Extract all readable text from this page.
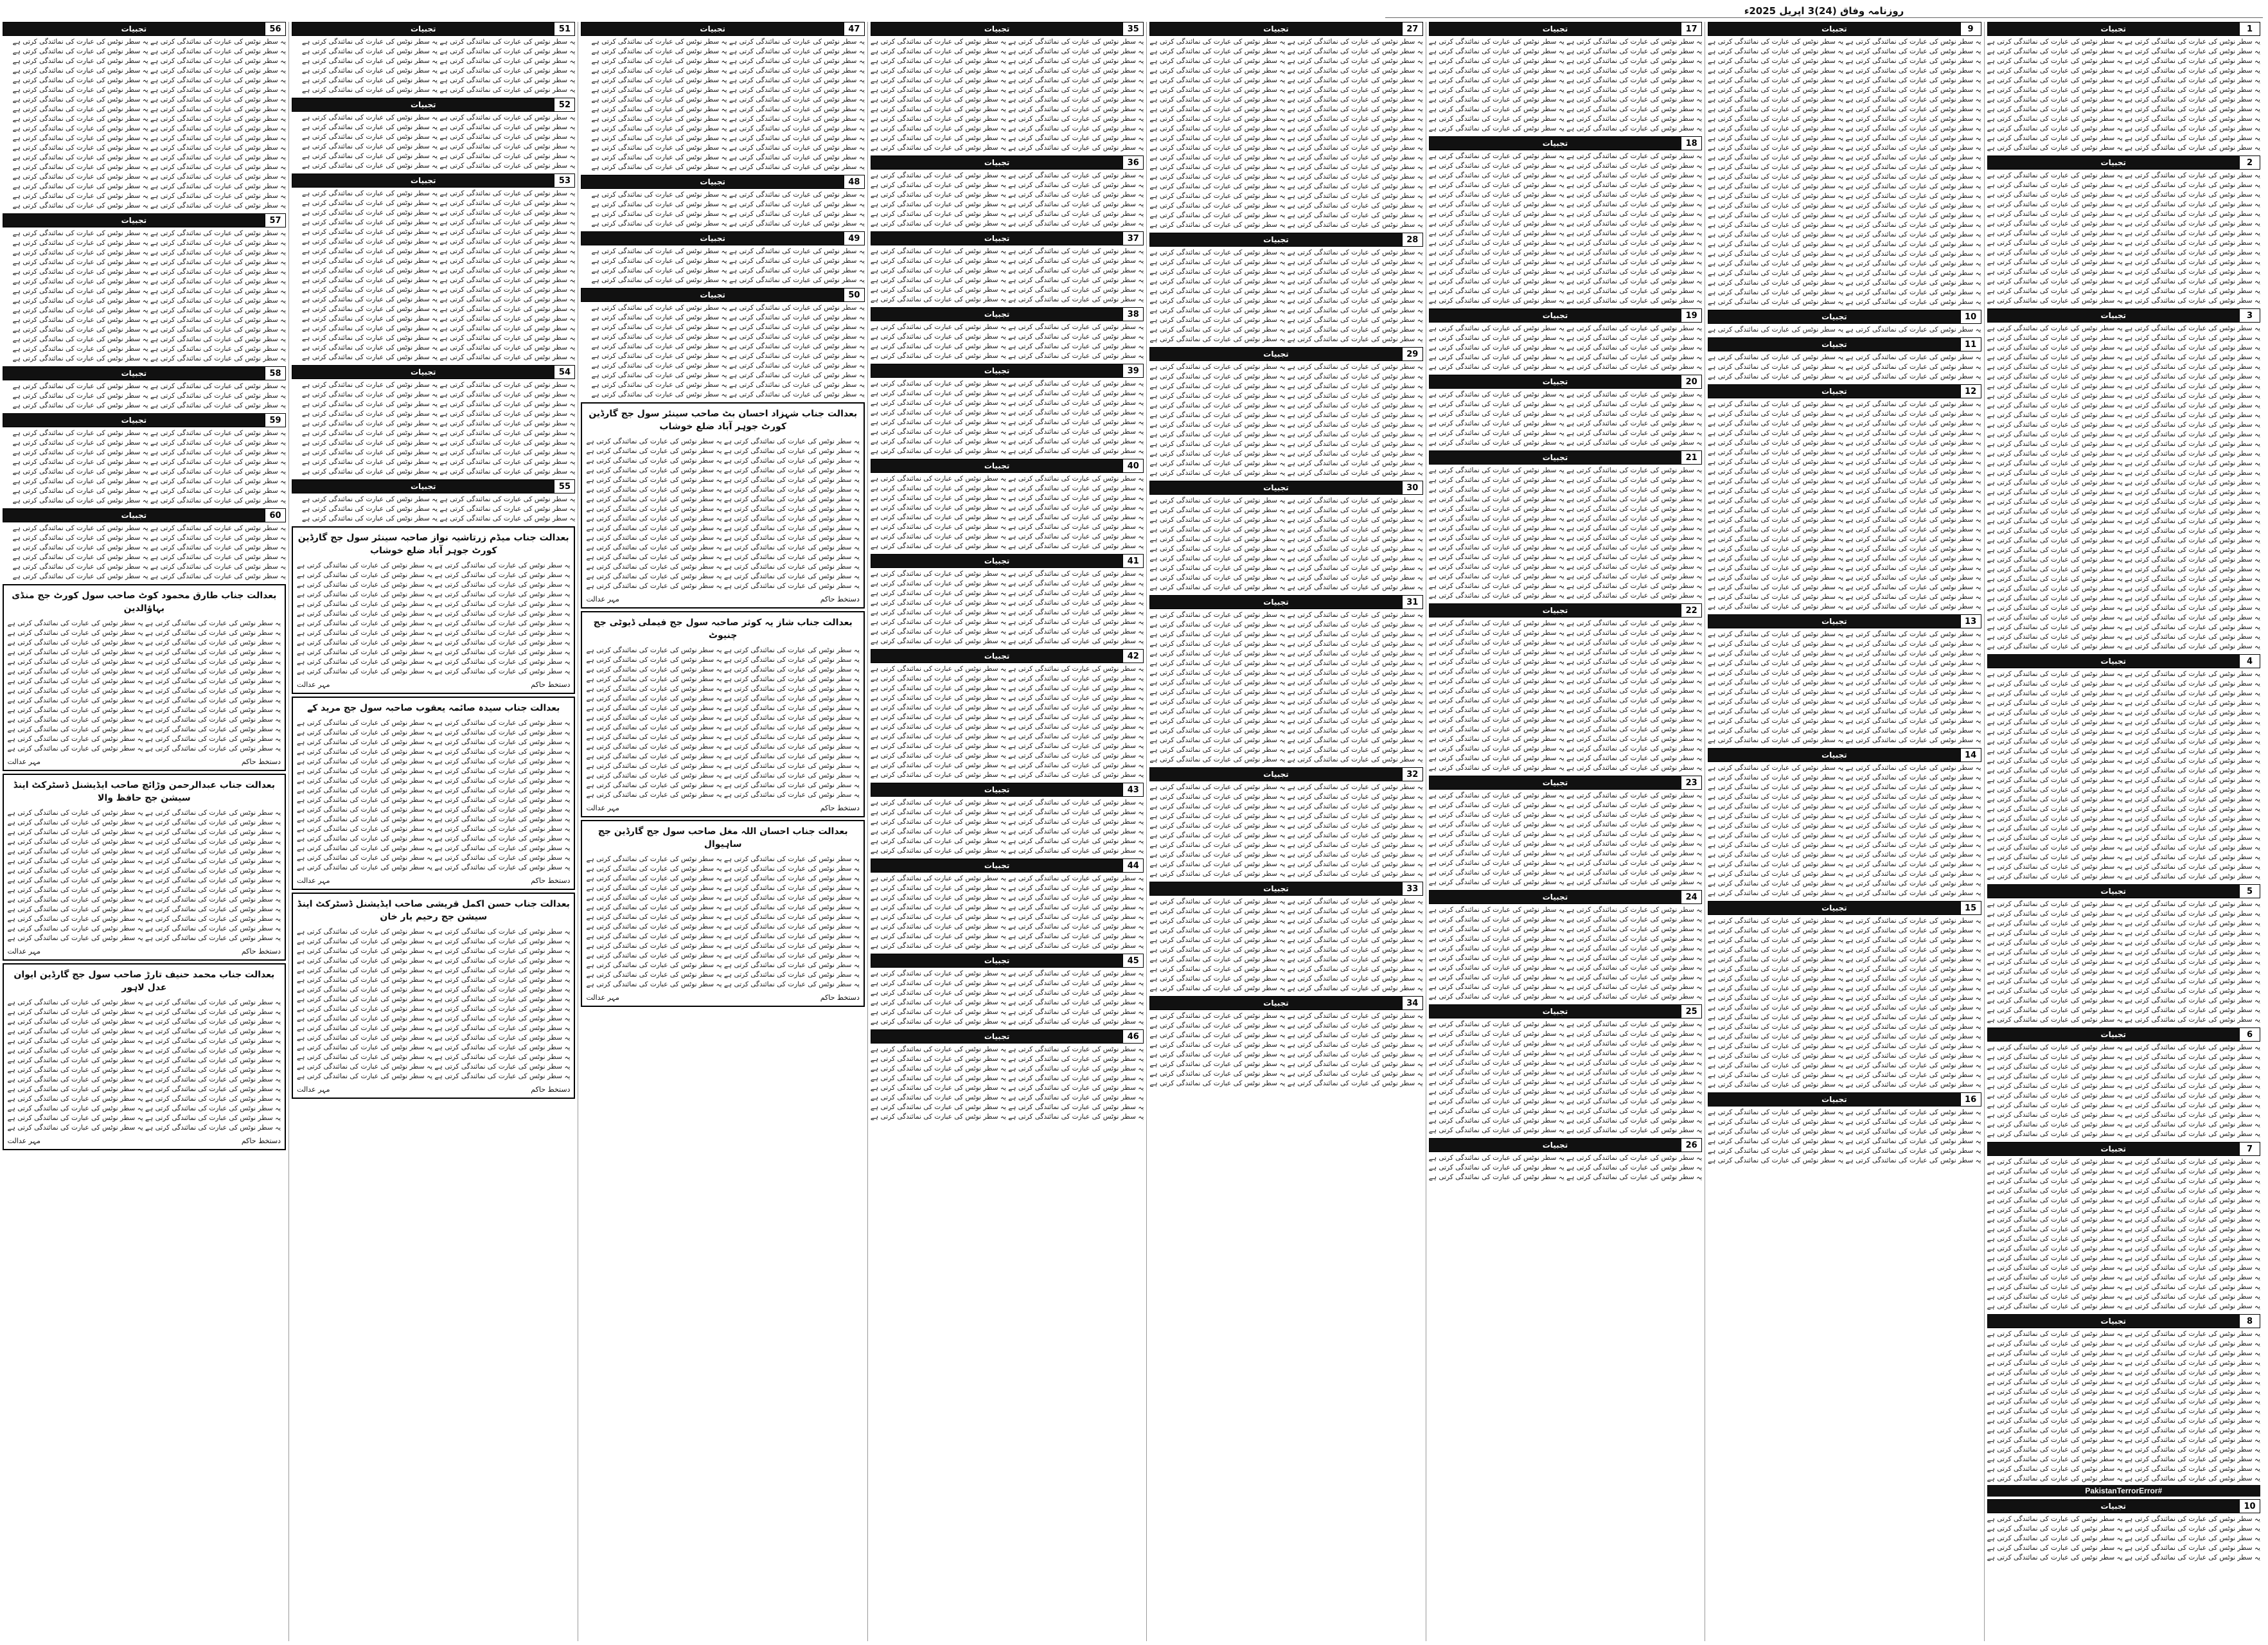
روزنامہ وفاق (24)3 اپریل 2025ء
1
تجبیات
یہ سطر نوٹس کی عبارت کی نمائندگی کرتی ہے یہ سطر نوٹس کی عبارت کی نمائندگی کرتی ہے
یہ سطر نوٹس کی عبارت کی نمائندگی کرتی ہے یہ سطر نوٹس کی عبارت کی نمائندگی کرتی ہے
یہ سطر نوٹس کی عبارت کی نمائندگی کرتی ہے یہ سطر نوٹس کی عبارت کی نمائندگی کرتی ہے
یہ سطر نوٹس کی عبارت کی نمائندگی کرتی ہے یہ سطر نوٹس کی عبارت کی نمائندگی کرتی ہے
یہ سطر نوٹس کی عبارت کی نمائندگی کرتی ہے یہ سطر نوٹس کی عبارت کی نمائندگی کرتی ہے
یہ سطر نوٹس کی عبارت کی نمائندگی کرتی ہے یہ سطر نوٹس کی عبارت کی نمائندگی کرتی ہے
یہ سطر نوٹس کی عبارت کی نمائندگی کرتی ہے یہ سطر نوٹس کی عبارت کی نمائندگی کرتی ہے
یہ سطر نوٹس کی عبارت کی نمائندگی کرتی ہے یہ سطر نوٹس کی عبارت کی نمائندگی کرتی ہے
یہ سطر نوٹس کی عبارت کی نمائندگی کرتی ہے یہ سطر نوٹس کی عبارت کی نمائندگی کرتی ہے
یہ سطر نوٹس کی عبارت کی نمائندگی کرتی ہے یہ سطر نوٹس کی عبارت کی نمائندگی کرتی ہے
یہ سطر نوٹس کی عبارت کی نمائندگی کرتی ہے یہ سطر نوٹس کی عبارت کی نمائندگی کرتی ہے
یہ سطر نوٹس کی عبارت کی نمائندگی کرتی ہے یہ سطر نوٹس کی عبارت کی نمائندگی کرتی ہے
2
تجبیات
یہ سطر نوٹس کی عبارت کی نمائندگی کرتی ہے یہ سطر نوٹس کی عبارت کی نمائندگی کرتی ہے
یہ سطر نوٹس کی عبارت کی نمائندگی کرتی ہے یہ سطر نوٹس کی عبارت کی نمائندگی کرتی ہے
یہ سطر نوٹس کی عبارت کی نمائندگی کرتی ہے یہ سطر نوٹس کی عبارت کی نمائندگی کرتی ہے
یہ سطر نوٹس کی عبارت کی نمائندگی کرتی ہے یہ سطر نوٹس کی عبارت کی نمائندگی کرتی ہے
یہ سطر نوٹس کی عبارت کی نمائندگی کرتی ہے یہ سطر نوٹس کی عبارت کی نمائندگی کرتی ہے
یہ سطر نوٹس کی عبارت کی نمائندگی کرتی ہے یہ سطر نوٹس کی عبارت کی نمائندگی کرتی ہے
یہ سطر نوٹس کی عبارت کی نمائندگی کرتی ہے یہ سطر نوٹس کی عبارت کی نمائندگی کرتی ہے
یہ سطر نوٹس کی عبارت کی نمائندگی کرتی ہے یہ سطر نوٹس کی عبارت کی نمائندگی کرتی ہے
یہ سطر نوٹس کی عبارت کی نمائندگی کرتی ہے یہ سطر نوٹس کی عبارت کی نمائندگی کرتی ہے
یہ سطر نوٹس کی عبارت کی نمائندگی کرتی ہے یہ سطر نوٹس کی عبارت کی نمائندگی کرتی ہے
یہ سطر نوٹس کی عبارت کی نمائندگی کرتی ہے یہ سطر نوٹس کی عبارت کی نمائندگی کرتی ہے
یہ سطر نوٹس کی عبارت کی نمائندگی کرتی ہے یہ سطر نوٹس کی عبارت کی نمائندگی کرتی ہے
یہ سطر نوٹس کی عبارت کی نمائندگی کرتی ہے یہ سطر نوٹس کی عبارت کی نمائندگی کرتی ہے
یہ سطر نوٹس کی عبارت کی نمائندگی کرتی ہے یہ سطر نوٹس کی عبارت کی نمائندگی کرتی ہے
3
تجبیات
یہ سطر نوٹس کی عبارت کی نمائندگی کرتی ہے یہ سطر نوٹس کی عبارت کی نمائندگی کرتی ہے
یہ سطر نوٹس کی عبارت کی نمائندگی کرتی ہے یہ سطر نوٹس کی عبارت کی نمائندگی کرتی ہے
یہ سطر نوٹس کی عبارت کی نمائندگی کرتی ہے یہ سطر نوٹس کی عبارت کی نمائندگی کرتی ہے
یہ سطر نوٹس کی عبارت کی نمائندگی کرتی ہے یہ سطر نوٹس کی عبارت کی نمائندگی کرتی ہے
یہ سطر نوٹس کی عبارت کی نمائندگی کرتی ہے یہ سطر نوٹس کی عبارت کی نمائندگی کرتی ہے
یہ سطر نوٹس کی عبارت کی نمائندگی کرتی ہے یہ سطر نوٹس کی عبارت کی نمائندگی کرتی ہے
یہ سطر نوٹس کی عبارت کی نمائندگی کرتی ہے یہ سطر نوٹس کی عبارت کی نمائندگی کرتی ہے
یہ سطر نوٹس کی عبارت کی نمائندگی کرتی ہے یہ سطر نوٹس کی عبارت کی نمائندگی کرتی ہے
یہ سطر نوٹس کی عبارت کی نمائندگی کرتی ہے یہ سطر نوٹس کی عبارت کی نمائندگی کرتی ہے
یہ سطر نوٹس کی عبارت کی نمائندگی کرتی ہے یہ سطر نوٹس کی عبارت کی نمائندگی کرتی ہے
یہ سطر نوٹس کی عبارت کی نمائندگی کرتی ہے یہ سطر نوٹس کی عبارت کی نمائندگی کرتی ہے
یہ سطر نوٹس کی عبارت کی نمائندگی کرتی ہے یہ سطر نوٹس کی عبارت کی نمائندگی کرتی ہے
یہ سطر نوٹس کی عبارت کی نمائندگی کرتی ہے یہ سطر نوٹس کی عبارت کی نمائندگی کرتی ہے
یہ سطر نوٹس کی عبارت کی نمائندگی کرتی ہے یہ سطر نوٹس کی عبارت کی نمائندگی کرتی ہے
یہ سطر نوٹس کی عبارت کی نمائندگی کرتی ہے یہ سطر نوٹس کی عبارت کی نمائندگی کرتی ہے
یہ سطر نوٹس کی عبارت کی نمائندگی کرتی ہے یہ سطر نوٹس کی عبارت کی نمائندگی کرتی ہے
یہ سطر نوٹس کی عبارت کی نمائندگی کرتی ہے یہ سطر نوٹس کی عبارت کی نمائندگی کرتی ہے
یہ سطر نوٹس کی عبارت کی نمائندگی کرتی ہے یہ سطر نوٹس کی عبارت کی نمائندگی کرتی ہے
یہ سطر نوٹس کی عبارت کی نمائندگی کرتی ہے یہ سطر نوٹس کی عبارت کی نمائندگی کرتی ہے
یہ سطر نوٹس کی عبارت کی نمائندگی کرتی ہے یہ سطر نوٹس کی عبارت کی نمائندگی کرتی ہے
یہ سطر نوٹس کی عبارت کی نمائندگی کرتی ہے یہ سطر نوٹس کی عبارت کی نمائندگی کرتی ہے
یہ سطر نوٹس کی عبارت کی نمائندگی کرتی ہے یہ سطر نوٹس کی عبارت کی نمائندگی کرتی ہے
یہ سطر نوٹس کی عبارت کی نمائندگی کرتی ہے یہ سطر نوٹس کی عبارت کی نمائندگی کرتی ہے
یہ سطر نوٹس کی عبارت کی نمائندگی کرتی ہے یہ سطر نوٹس کی عبارت کی نمائندگی کرتی ہے
یہ سطر نوٹس کی عبارت کی نمائندگی کرتی ہے یہ سطر نوٹس کی عبارت کی نمائندگی کرتی ہے
یہ سطر نوٹس کی عبارت کی نمائندگی کرتی ہے یہ سطر نوٹس کی عبارت کی نمائندگی کرتی ہے
یہ سطر نوٹس کی عبارت کی نمائندگی کرتی ہے یہ سطر نوٹس کی عبارت کی نمائندگی کرتی ہے
یہ سطر نوٹس کی عبارت کی نمائندگی کرتی ہے یہ سطر نوٹس کی عبارت کی نمائندگی کرتی ہے
یہ سطر نوٹس کی عبارت کی نمائندگی کرتی ہے یہ سطر نوٹس کی عبارت کی نمائندگی کرتی ہے
یہ سطر نوٹس کی عبارت کی نمائندگی کرتی ہے یہ سطر نوٹس کی عبارت کی نمائندگی کرتی ہے
یہ سطر نوٹس کی عبارت کی نمائندگی کرتی ہے یہ سطر نوٹس کی عبارت کی نمائندگی کرتی ہے
یہ سطر نوٹس کی عبارت کی نمائندگی کرتی ہے یہ سطر نوٹس کی عبارت کی نمائندگی کرتی ہے
یہ سطر نوٹس کی عبارت کی نمائندگی کرتی ہے یہ سطر نوٹس کی عبارت کی نمائندگی کرتی ہے
یہ سطر نوٹس کی عبارت کی نمائندگی کرتی ہے یہ سطر نوٹس کی عبارت کی نمائندگی کرتی ہے
4
تجبیات
یہ سطر نوٹس کی عبارت کی نمائندگی کرتی ہے یہ سطر نوٹس کی عبارت کی نمائندگی کرتی ہے
یہ سطر نوٹس کی عبارت کی نمائندگی کرتی ہے یہ سطر نوٹس کی عبارت کی نمائندگی کرتی ہے
یہ سطر نوٹس کی عبارت کی نمائندگی کرتی ہے یہ سطر نوٹس کی عبارت کی نمائندگی کرتی ہے
یہ سطر نوٹس کی عبارت کی نمائندگی کرتی ہے یہ سطر نوٹس کی عبارت کی نمائندگی کرتی ہے
یہ سطر نوٹس کی عبارت کی نمائندگی کرتی ہے یہ سطر نوٹس کی عبارت کی نمائندگی کرتی ہے
یہ سطر نوٹس کی عبارت کی نمائندگی کرتی ہے یہ سطر نوٹس کی عبارت کی نمائندگی کرتی ہے
یہ سطر نوٹس کی عبارت کی نمائندگی کرتی ہے یہ سطر نوٹس کی عبارت کی نمائندگی کرتی ہے
یہ سطر نوٹس کی عبارت کی نمائندگی کرتی ہے یہ سطر نوٹس کی عبارت کی نمائندگی کرتی ہے
یہ سطر نوٹس کی عبارت کی نمائندگی کرتی ہے یہ سطر نوٹس کی عبارت کی نمائندگی کرتی ہے
یہ سطر نوٹس کی عبارت کی نمائندگی کرتی ہے یہ سطر نوٹس کی عبارت کی نمائندگی کرتی ہے
یہ سطر نوٹس کی عبارت کی نمائندگی کرتی ہے یہ سطر نوٹس کی عبارت کی نمائندگی کرتی ہے
یہ سطر نوٹس کی عبارت کی نمائندگی کرتی ہے یہ سطر نوٹس کی عبارت کی نمائندگی کرتی ہے
یہ سطر نوٹس کی عبارت کی نمائندگی کرتی ہے یہ سطر نوٹس کی عبارت کی نمائندگی کرتی ہے
یہ سطر نوٹس کی عبارت کی نمائندگی کرتی ہے یہ سطر نوٹس کی عبارت کی نمائندگی کرتی ہے
یہ سطر نوٹس کی عبارت کی نمائندگی کرتی ہے یہ سطر نوٹس کی عبارت کی نمائندگی کرتی ہے
یہ سطر نوٹس کی عبارت کی نمائندگی کرتی ہے یہ سطر نوٹس کی عبارت کی نمائندگی کرتی ہے
یہ سطر نوٹس کی عبارت کی نمائندگی کرتی ہے یہ سطر نوٹس کی عبارت کی نمائندگی کرتی ہے
یہ سطر نوٹس کی عبارت کی نمائندگی کرتی ہے یہ سطر نوٹس کی عبارت کی نمائندگی کرتی ہے
یہ سطر نوٹس کی عبارت کی نمائندگی کرتی ہے یہ سطر نوٹس کی عبارت کی نمائندگی کرتی ہے
یہ سطر نوٹس کی عبارت کی نمائندگی کرتی ہے یہ سطر نوٹس کی عبارت کی نمائندگی کرتی ہے
یہ سطر نوٹس کی عبارت کی نمائندگی کرتی ہے یہ سطر نوٹس کی عبارت کی نمائندگی کرتی ہے
یہ سطر نوٹس کی عبارت کی نمائندگی کرتی ہے یہ سطر نوٹس کی عبارت کی نمائندگی کرتی ہے
5
تجبیات
یہ سطر نوٹس کی عبارت کی نمائندگی کرتی ہے یہ سطر نوٹس کی عبارت کی نمائندگی کرتی ہے
یہ سطر نوٹس کی عبارت کی نمائندگی کرتی ہے یہ سطر نوٹس کی عبارت کی نمائندگی کرتی ہے
یہ سطر نوٹس کی عبارت کی نمائندگی کرتی ہے یہ سطر نوٹس کی عبارت کی نمائندگی کرتی ہے
یہ سطر نوٹس کی عبارت کی نمائندگی کرتی ہے یہ سطر نوٹس کی عبارت کی نمائندگی کرتی ہے
یہ سطر نوٹس کی عبارت کی نمائندگی کرتی ہے یہ سطر نوٹس کی عبارت کی نمائندگی کرتی ہے
یہ سطر نوٹس کی عبارت کی نمائندگی کرتی ہے یہ سطر نوٹس کی عبارت کی نمائندگی کرتی ہے
یہ سطر نوٹس کی عبارت کی نمائندگی کرتی ہے یہ سطر نوٹس کی عبارت کی نمائندگی کرتی ہے
یہ سطر نوٹس کی عبارت کی نمائندگی کرتی ہے یہ سطر نوٹس کی عبارت کی نمائندگی کرتی ہے
یہ سطر نوٹس کی عبارت کی نمائندگی کرتی ہے یہ سطر نوٹس کی عبارت کی نمائندگی کرتی ہے
یہ سطر نوٹس کی عبارت کی نمائندگی کرتی ہے یہ سطر نوٹس کی عبارت کی نمائندگی کرتی ہے
یہ سطر نوٹس کی عبارت کی نمائندگی کرتی ہے یہ سطر نوٹس کی عبارت کی نمائندگی کرتی ہے
یہ سطر نوٹس کی عبارت کی نمائندگی کرتی ہے یہ سطر نوٹس کی عبارت کی نمائندگی کرتی ہے
یہ سطر نوٹس کی عبارت کی نمائندگی کرتی ہے یہ سطر نوٹس کی عبارت کی نمائندگی کرتی ہے
6
تجبیات
یہ سطر نوٹس کی عبارت کی نمائندگی کرتی ہے یہ سطر نوٹس کی عبارت کی نمائندگی کرتی ہے
یہ سطر نوٹس کی عبارت کی نمائندگی کرتی ہے یہ سطر نوٹس کی عبارت کی نمائندگی کرتی ہے
یہ سطر نوٹس کی عبارت کی نمائندگی کرتی ہے یہ سطر نوٹس کی عبارت کی نمائندگی کرتی ہے
یہ سطر نوٹس کی عبارت کی نمائندگی کرتی ہے یہ سطر نوٹس کی عبارت کی نمائندگی کرتی ہے
یہ سطر نوٹس کی عبارت کی نمائندگی کرتی ہے یہ سطر نوٹس کی عبارت کی نمائندگی کرتی ہے
یہ سطر نوٹس کی عبارت کی نمائندگی کرتی ہے یہ سطر نوٹس کی عبارت کی نمائندگی کرتی ہے
یہ سطر نوٹس کی عبارت کی نمائندگی کرتی ہے یہ سطر نوٹس کی عبارت کی نمائندگی کرتی ہے
یہ سطر نوٹس کی عبارت کی نمائندگی کرتی ہے یہ سطر نوٹس کی عبارت کی نمائندگی کرتی ہے
یہ سطر نوٹس کی عبارت کی نمائندگی کرتی ہے یہ سطر نوٹس کی عبارت کی نمائندگی کرتی ہے
یہ سطر نوٹس کی عبارت کی نمائندگی کرتی ہے یہ سطر نوٹس کی عبارت کی نمائندگی کرتی ہے
7
تجبیات
یہ سطر نوٹس کی عبارت کی نمائندگی کرتی ہے یہ سطر نوٹس کی عبارت کی نمائندگی کرتی ہے
یہ سطر نوٹس کی عبارت کی نمائندگی کرتی ہے یہ سطر نوٹس کی عبارت کی نمائندگی کرتی ہے
یہ سطر نوٹس کی عبارت کی نمائندگی کرتی ہے یہ سطر نوٹس کی عبارت کی نمائندگی کرتی ہے
یہ سطر نوٹس کی عبارت کی نمائندگی کرتی ہے یہ سطر نوٹس کی عبارت کی نمائندگی کرتی ہے
یہ سطر نوٹس کی عبارت کی نمائندگی کرتی ہے یہ سطر نوٹس کی عبارت کی نمائندگی کرتی ہے
یہ سطر نوٹس کی عبارت کی نمائندگی کرتی ہے یہ سطر نوٹس کی عبارت کی نمائندگی کرتی ہے
یہ سطر نوٹس کی عبارت کی نمائندگی کرتی ہے یہ سطر نوٹس کی عبارت کی نمائندگی کرتی ہے
یہ سطر نوٹس کی عبارت کی نمائندگی کرتی ہے یہ سطر نوٹس کی عبارت کی نمائندگی کرتی ہے
یہ سطر نوٹس کی عبارت کی نمائندگی کرتی ہے یہ سطر نوٹس کی عبارت کی نمائندگی کرتی ہے
یہ سطر نوٹس کی عبارت کی نمائندگی کرتی ہے یہ سطر نوٹس کی عبارت کی نمائندگی کرتی ہے
یہ سطر نوٹس کی عبارت کی نمائندگی کرتی ہے یہ سطر نوٹس کی عبارت کی نمائندگی کرتی ہے
یہ سطر نوٹس کی عبارت کی نمائندگی کرتی ہے یہ سطر نوٹس کی عبارت کی نمائندگی کرتی ہے
یہ سطر نوٹس کی عبارت کی نمائندگی کرتی ہے یہ سطر نوٹس کی عبارت کی نمائندگی کرتی ہے
یہ سطر نوٹس کی عبارت کی نمائندگی کرتی ہے یہ سطر نوٹس کی عبارت کی نمائندگی کرتی ہے
یہ سطر نوٹس کی عبارت کی نمائندگی کرتی ہے یہ سطر نوٹس کی عبارت کی نمائندگی کرتی ہے
یہ سطر نوٹس کی عبارت کی نمائندگی کرتی ہے یہ سطر نوٹس کی عبارت کی نمائندگی کرتی ہے
8
تجبیات
یہ سطر نوٹس کی عبارت کی نمائندگی کرتی ہے یہ سطر نوٹس کی عبارت کی نمائندگی کرتی ہے
یہ سطر نوٹس کی عبارت کی نمائندگی کرتی ہے یہ سطر نوٹس کی عبارت کی نمائندگی کرتی ہے
یہ سطر نوٹس کی عبارت کی نمائندگی کرتی ہے یہ سطر نوٹس کی عبارت کی نمائندگی کرتی ہے
یہ سطر نوٹس کی عبارت کی نمائندگی کرتی ہے یہ سطر نوٹس کی عبارت کی نمائندگی کرتی ہے
یہ سطر نوٹس کی عبارت کی نمائندگی کرتی ہے یہ سطر نوٹس کی عبارت کی نمائندگی کرتی ہے
یہ سطر نوٹس کی عبارت کی نمائندگی کرتی ہے یہ سطر نوٹس کی عبارت کی نمائندگی کرتی ہے
یہ سطر نوٹس کی عبارت کی نمائندگی کرتی ہے یہ سطر نوٹس کی عبارت کی نمائندگی کرتی ہے
یہ سطر نوٹس کی عبارت کی نمائندگی کرتی ہے یہ سطر نوٹس کی عبارت کی نمائندگی کرتی ہے
یہ سطر نوٹس کی عبارت کی نمائندگی کرتی ہے یہ سطر نوٹس کی عبارت کی نمائندگی کرتی ہے
یہ سطر نوٹس کی عبارت کی نمائندگی کرتی ہے یہ سطر نوٹس کی عبارت کی نمائندگی کرتی ہے
یہ سطر نوٹس کی عبارت کی نمائندگی کرتی ہے یہ سطر نوٹس کی عبارت کی نمائندگی کرتی ہے
یہ سطر نوٹس کی عبارت کی نمائندگی کرتی ہے یہ سطر نوٹس کی عبارت کی نمائندگی کرتی ہے
یہ سطر نوٹس کی عبارت کی نمائندگی کرتی ہے یہ سطر نوٹس کی عبارت کی نمائندگی کرتی ہے
یہ سطر نوٹس کی عبارت کی نمائندگی کرتی ہے یہ سطر نوٹس کی عبارت کی نمائندگی کرتی ہے
یہ سطر نوٹس کی عبارت کی نمائندگی کرتی ہے یہ سطر نوٹس کی عبارت کی نمائندگی کرتی ہے
یہ سطر نوٹس کی عبارت کی نمائندگی کرتی ہے یہ سطر نوٹس کی عبارت کی نمائندگی کرتی ہے
PakistanTerrorError#
10
تجبیات
یہ سطر نوٹس کی عبارت کی نمائندگی کرتی ہے یہ سطر نوٹس کی عبارت کی نمائندگی کرتی ہے
یہ سطر نوٹس کی عبارت کی نمائندگی کرتی ہے یہ سطر نوٹس کی عبارت کی نمائندگی کرتی ہے
یہ سطر نوٹس کی عبارت کی نمائندگی کرتی ہے یہ سطر نوٹس کی عبارت کی نمائندگی کرتی ہے
یہ سطر نوٹس کی عبارت کی نمائندگی کرتی ہے یہ سطر نوٹس کی عبارت کی نمائندگی کرتی ہے
یہ سطر نوٹس کی عبارت کی نمائندگی کرتی ہے یہ سطر نوٹس کی عبارت کی نمائندگی کرتی ہے
9
تجبیات
یہ سطر نوٹس کی عبارت کی نمائندگی کرتی ہے یہ سطر نوٹس کی عبارت کی نمائندگی کرتی ہے
یہ سطر نوٹس کی عبارت کی نمائندگی کرتی ہے یہ سطر نوٹس کی عبارت کی نمائندگی کرتی ہے
یہ سطر نوٹس کی عبارت کی نمائندگی کرتی ہے یہ سطر نوٹس کی عبارت کی نمائندگی کرتی ہے
یہ سطر نوٹس کی عبارت کی نمائندگی کرتی ہے یہ سطر نوٹس کی عبارت کی نمائندگی کرتی ہے
یہ سطر نوٹس کی عبارت کی نمائندگی کرتی ہے یہ سطر نوٹس کی عبارت کی نمائندگی کرتی ہے
یہ سطر نوٹس کی عبارت کی نمائندگی کرتی ہے یہ سطر نوٹس کی عبارت کی نمائندگی کرتی ہے
یہ سطر نوٹس کی عبارت کی نمائندگی کرتی ہے یہ سطر نوٹس کی عبارت کی نمائندگی کرتی ہے
یہ سطر نوٹس کی عبارت کی نمائندگی کرتی ہے یہ سطر نوٹس کی عبارت کی نمائندگی کرتی ہے
یہ سطر نوٹس کی عبارت کی نمائندگی کرتی ہے یہ سطر نوٹس کی عبارت کی نمائندگی کرتی ہے
یہ سطر نوٹس کی عبارت کی نمائندگی کرتی ہے یہ سطر نوٹس کی عبارت کی نمائندگی کرتی ہے
یہ سطر نوٹس کی عبارت کی نمائندگی کرتی ہے یہ سطر نوٹس کی عبارت کی نمائندگی کرتی ہے
یہ سطر نوٹس کی عبارت کی نمائندگی کرتی ہے یہ سطر نوٹس کی عبارت کی نمائندگی کرتی ہے
یہ سطر نوٹس کی عبارت کی نمائندگی کرتی ہے یہ سطر نوٹس کی عبارت کی نمائندگی کرتی ہے
یہ سطر نوٹس کی عبارت کی نمائندگی کرتی ہے یہ سطر نوٹس کی عبارت کی نمائندگی کرتی ہے
یہ سطر نوٹس کی عبارت کی نمائندگی کرتی ہے یہ سطر نوٹس کی عبارت کی نمائندگی کرتی ہے
یہ سطر نوٹس کی عبارت کی نمائندگی کرتی ہے یہ سطر نوٹس کی عبارت کی نمائندگی کرتی ہے
یہ سطر نوٹس کی عبارت کی نمائندگی کرتی ہے یہ سطر نوٹس کی عبارت کی نمائندگی کرتی ہے
یہ سطر نوٹس کی عبارت کی نمائندگی کرتی ہے یہ سطر نوٹس کی عبارت کی نمائندگی کرتی ہے
یہ سطر نوٹس کی عبارت کی نمائندگی کرتی ہے یہ سطر نوٹس کی عبارت کی نمائندگی کرتی ہے
یہ سطر نوٹس کی عبارت کی نمائندگی کرتی ہے یہ سطر نوٹس کی عبارت کی نمائندگی کرتی ہے
یہ سطر نوٹس کی عبارت کی نمائندگی کرتی ہے یہ سطر نوٹس کی عبارت کی نمائندگی کرتی ہے
یہ سطر نوٹس کی عبارت کی نمائندگی کرتی ہے یہ سطر نوٹس کی عبارت کی نمائندگی کرتی ہے
یہ سطر نوٹس کی عبارت کی نمائندگی کرتی ہے یہ سطر نوٹس کی عبارت کی نمائندگی کرتی ہے
یہ سطر نوٹس کی عبارت کی نمائندگی کرتی ہے یہ سطر نوٹس کی عبارت کی نمائندگی کرتی ہے
یہ سطر نوٹس کی عبارت کی نمائندگی کرتی ہے یہ سطر نوٹس کی عبارت کی نمائندگی کرتی ہے
یہ سطر نوٹس کی عبارت کی نمائندگی کرتی ہے یہ سطر نوٹس کی عبارت کی نمائندگی کرتی ہے
یہ سطر نوٹس کی عبارت کی نمائندگی کرتی ہے یہ سطر نوٹس کی عبارت کی نمائندگی کرتی ہے
یہ سطر نوٹس کی عبارت کی نمائندگی کرتی ہے یہ سطر نوٹس کی عبارت کی نمائندگی کرتی ہے
10
تجبیات
یہ سطر نوٹس کی عبارت کی نمائندگی کرتی ہے یہ سطر نوٹس کی عبارت کی نمائندگی کرتی ہے
11
تجبیات
یہ سطر نوٹس کی عبارت کی نمائندگی کرتی ہے یہ سطر نوٹس کی عبارت کی نمائندگی کرتی ہے
یہ سطر نوٹس کی عبارت کی نمائندگی کرتی ہے یہ سطر نوٹس کی عبارت کی نمائندگی کرتی ہے
یہ سطر نوٹس کی عبارت کی نمائندگی کرتی ہے یہ سطر نوٹس کی عبارت کی نمائندگی کرتی ہے
12
تجبیات
یہ سطر نوٹس کی عبارت کی نمائندگی کرتی ہے یہ سطر نوٹس کی عبارت کی نمائندگی کرتی ہے
یہ سطر نوٹس کی عبارت کی نمائندگی کرتی ہے یہ سطر نوٹس کی عبارت کی نمائندگی کرتی ہے
یہ سطر نوٹس کی عبارت کی نمائندگی کرتی ہے یہ سطر نوٹس کی عبارت کی نمائندگی کرتی ہے
یہ سطر نوٹس کی عبارت کی نمائندگی کرتی ہے یہ سطر نوٹس کی عبارت کی نمائندگی کرتی ہے
یہ سطر نوٹس کی عبارت کی نمائندگی کرتی ہے یہ سطر نوٹس کی عبارت کی نمائندگی کرتی ہے
یہ سطر نوٹس کی عبارت کی نمائندگی کرتی ہے یہ سطر نوٹس کی عبارت کی نمائندگی کرتی ہے
یہ سطر نوٹس کی عبارت کی نمائندگی کرتی ہے یہ سطر نوٹس کی عبارت کی نمائندگی کرتی ہے
یہ سطر نوٹس کی عبارت کی نمائندگی کرتی ہے یہ سطر نوٹس کی عبارت کی نمائندگی کرتی ہے
یہ سطر نوٹس کی عبارت کی نمائندگی کرتی ہے یہ سطر نوٹس کی عبارت کی نمائندگی کرتی ہے
یہ سطر نوٹس کی عبارت کی نمائندگی کرتی ہے یہ سطر نوٹس کی عبارت کی نمائندگی کرتی ہے
یہ سطر نوٹس کی عبارت کی نمائندگی کرتی ہے یہ سطر نوٹس کی عبارت کی نمائندگی کرتی ہے
یہ سطر نوٹس کی عبارت کی نمائندگی کرتی ہے یہ سطر نوٹس کی عبارت کی نمائندگی کرتی ہے
یہ سطر نوٹس کی عبارت کی نمائندگی کرتی ہے یہ سطر نوٹس کی عبارت کی نمائندگی کرتی ہے
یہ سطر نوٹس کی عبارت کی نمائندگی کرتی ہے یہ سطر نوٹس کی عبارت کی نمائندگی کرتی ہے
یہ سطر نوٹس کی عبارت کی نمائندگی کرتی ہے یہ سطر نوٹس کی عبارت کی نمائندگی کرتی ہے
یہ سطر نوٹس کی عبارت کی نمائندگی کرتی ہے یہ سطر نوٹس کی عبارت کی نمائندگی کرتی ہے
یہ سطر نوٹس کی عبارت کی نمائندگی کرتی ہے یہ سطر نوٹس کی عبارت کی نمائندگی کرتی ہے
یہ سطر نوٹس کی عبارت کی نمائندگی کرتی ہے یہ سطر نوٹس کی عبارت کی نمائندگی کرتی ہے
یہ سطر نوٹس کی عبارت کی نمائندگی کرتی ہے یہ سطر نوٹس کی عبارت کی نمائندگی کرتی ہے
یہ سطر نوٹس کی عبارت کی نمائندگی کرتی ہے یہ سطر نوٹس کی عبارت کی نمائندگی کرتی ہے
یہ سطر نوٹس کی عبارت کی نمائندگی کرتی ہے یہ سطر نوٹس کی عبارت کی نمائندگی کرتی ہے
یہ سطر نوٹس کی عبارت کی نمائندگی کرتی ہے یہ سطر نوٹس کی عبارت کی نمائندگی کرتی ہے
13
تجبیات
یہ سطر نوٹس کی عبارت کی نمائندگی کرتی ہے یہ سطر نوٹس کی عبارت کی نمائندگی کرتی ہے
یہ سطر نوٹس کی عبارت کی نمائندگی کرتی ہے یہ سطر نوٹس کی عبارت کی نمائندگی کرتی ہے
یہ سطر نوٹس کی عبارت کی نمائندگی کرتی ہے یہ سطر نوٹس کی عبارت کی نمائندگی کرتی ہے
یہ سطر نوٹس کی عبارت کی نمائندگی کرتی ہے یہ سطر نوٹس کی عبارت کی نمائندگی کرتی ہے
یہ سطر نوٹس کی عبارت کی نمائندگی کرتی ہے یہ سطر نوٹس کی عبارت کی نمائندگی کرتی ہے
یہ سطر نوٹس کی عبارت کی نمائندگی کرتی ہے یہ سطر نوٹس کی عبارت کی نمائندگی کرتی ہے
یہ سطر نوٹس کی عبارت کی نمائندگی کرتی ہے یہ سطر نوٹس کی عبارت کی نمائندگی کرتی ہے
یہ سطر نوٹس کی عبارت کی نمائندگی کرتی ہے یہ سطر نوٹس کی عبارت کی نمائندگی کرتی ہے
یہ سطر نوٹس کی عبارت کی نمائندگی کرتی ہے یہ سطر نوٹس کی عبارت کی نمائندگی کرتی ہے
یہ سطر نوٹس کی عبارت کی نمائندگی کرتی ہے یہ سطر نوٹس کی عبارت کی نمائندگی کرتی ہے
یہ سطر نوٹس کی عبارت کی نمائندگی کرتی ہے یہ سطر نوٹس کی عبارت کی نمائندگی کرتی ہے
یہ سطر نوٹس کی عبارت کی نمائندگی کرتی ہے یہ سطر نوٹس کی عبارت کی نمائندگی کرتی ہے
14
تجبیات
یہ سطر نوٹس کی عبارت کی نمائندگی کرتی ہے یہ سطر نوٹس کی عبارت کی نمائندگی کرتی ہے
یہ سطر نوٹس کی عبارت کی نمائندگی کرتی ہے یہ سطر نوٹس کی عبارت کی نمائندگی کرتی ہے
یہ سطر نوٹس کی عبارت کی نمائندگی کرتی ہے یہ سطر نوٹس کی عبارت کی نمائندگی کرتی ہے
یہ سطر نوٹس کی عبارت کی نمائندگی کرتی ہے یہ سطر نوٹس کی عبارت کی نمائندگی کرتی ہے
یہ سطر نوٹس کی عبارت کی نمائندگی کرتی ہے یہ سطر نوٹس کی عبارت کی نمائندگی کرتی ہے
یہ سطر نوٹس کی عبارت کی نمائندگی کرتی ہے یہ سطر نوٹس کی عبارت کی نمائندگی کرتی ہے
یہ سطر نوٹس کی عبارت کی نمائندگی کرتی ہے یہ سطر نوٹس کی عبارت کی نمائندگی کرتی ہے
یہ سطر نوٹس کی عبارت کی نمائندگی کرتی ہے یہ سطر نوٹس کی عبارت کی نمائندگی کرتی ہے
یہ سطر نوٹس کی عبارت کی نمائندگی کرتی ہے یہ سطر نوٹس کی عبارت کی نمائندگی کرتی ہے
یہ سطر نوٹس کی عبارت کی نمائندگی کرتی ہے یہ سطر نوٹس کی عبارت کی نمائندگی کرتی ہے
یہ سطر نوٹس کی عبارت کی نمائندگی کرتی ہے یہ سطر نوٹس کی عبارت کی نمائندگی کرتی ہے
یہ سطر نوٹس کی عبارت کی نمائندگی کرتی ہے یہ سطر نوٹس کی عبارت کی نمائندگی کرتی ہے
یہ سطر نوٹس کی عبارت کی نمائندگی کرتی ہے یہ سطر نوٹس کی عبارت کی نمائندگی کرتی ہے
یہ سطر نوٹس کی عبارت کی نمائندگی کرتی ہے یہ سطر نوٹس کی عبارت کی نمائندگی کرتی ہے
15
تجبیات
یہ سطر نوٹس کی عبارت کی نمائندگی کرتی ہے یہ سطر نوٹس کی عبارت کی نمائندگی کرتی ہے
یہ سطر نوٹس کی عبارت کی نمائندگی کرتی ہے یہ سطر نوٹس کی عبارت کی نمائندگی کرتی ہے
یہ سطر نوٹس کی عبارت کی نمائندگی کرتی ہے یہ سطر نوٹس کی عبارت کی نمائندگی کرتی ہے
یہ سطر نوٹس کی عبارت کی نمائندگی کرتی ہے یہ سطر نوٹس کی عبارت کی نمائندگی کرتی ہے
یہ سطر نوٹس کی عبارت کی نمائندگی کرتی ہے یہ سطر نوٹس کی عبارت کی نمائندگی کرتی ہے
یہ سطر نوٹس کی عبارت کی نمائندگی کرتی ہے یہ سطر نوٹس کی عبارت کی نمائندگی کرتی ہے
یہ سطر نوٹس کی عبارت کی نمائندگی کرتی ہے یہ سطر نوٹس کی عبارت کی نمائندگی کرتی ہے
یہ سطر نوٹس کی عبارت کی نمائندگی کرتی ہے یہ سطر نوٹس کی عبارت کی نمائندگی کرتی ہے
یہ سطر نوٹس کی عبارت کی نمائندگی کرتی ہے یہ سطر نوٹس کی عبارت کی نمائندگی کرتی ہے
یہ سطر نوٹس کی عبارت کی نمائندگی کرتی ہے یہ سطر نوٹس کی عبارت کی نمائندگی کرتی ہے
یہ سطر نوٹس کی عبارت کی نمائندگی کرتی ہے یہ سطر نوٹس کی عبارت کی نمائندگی کرتی ہے
یہ سطر نوٹس کی عبارت کی نمائندگی کرتی ہے یہ سطر نوٹس کی عبارت کی نمائندگی کرتی ہے
یہ سطر نوٹس کی عبارت کی نمائندگی کرتی ہے یہ سطر نوٹس کی عبارت کی نمائندگی کرتی ہے
یہ سطر نوٹس کی عبارت کی نمائندگی کرتی ہے یہ سطر نوٹس کی عبارت کی نمائندگی کرتی ہے
یہ سطر نوٹس کی عبارت کی نمائندگی کرتی ہے یہ سطر نوٹس کی عبارت کی نمائندگی کرتی ہے
یہ سطر نوٹس کی عبارت کی نمائندگی کرتی ہے یہ سطر نوٹس کی عبارت کی نمائندگی کرتی ہے
یہ سطر نوٹس کی عبارت کی نمائندگی کرتی ہے یہ سطر نوٹس کی عبارت کی نمائندگی کرتی ہے
یہ سطر نوٹس کی عبارت کی نمائندگی کرتی ہے یہ سطر نوٹس کی عبارت کی نمائندگی کرتی ہے
16
تجبیات
یہ سطر نوٹس کی عبارت کی نمائندگی کرتی ہے یہ سطر نوٹس کی عبارت کی نمائندگی کرتی ہے
یہ سطر نوٹس کی عبارت کی نمائندگی کرتی ہے یہ سطر نوٹس کی عبارت کی نمائندگی کرتی ہے
یہ سطر نوٹس کی عبارت کی نمائندگی کرتی ہے یہ سطر نوٹس کی عبارت کی نمائندگی کرتی ہے
یہ سطر نوٹس کی عبارت کی نمائندگی کرتی ہے یہ سطر نوٹس کی عبارت کی نمائندگی کرتی ہے
یہ سطر نوٹس کی عبارت کی نمائندگی کرتی ہے یہ سطر نوٹس کی عبارت کی نمائندگی کرتی ہے
یہ سطر نوٹس کی عبارت کی نمائندگی کرتی ہے یہ سطر نوٹس کی عبارت کی نمائندگی کرتی ہے
17
تجبیات
یہ سطر نوٹس کی عبارت کی نمائندگی کرتی ہے یہ سطر نوٹس کی عبارت کی نمائندگی کرتی ہے
یہ سطر نوٹس کی عبارت کی نمائندگی کرتی ہے یہ سطر نوٹس کی عبارت کی نمائندگی کرتی ہے
یہ سطر نوٹس کی عبارت کی نمائندگی کرتی ہے یہ سطر نوٹس کی عبارت کی نمائندگی کرتی ہے
یہ سطر نوٹس کی عبارت کی نمائندگی کرتی ہے یہ سطر نوٹس کی عبارت کی نمائندگی کرتی ہے
یہ سطر نوٹس کی عبارت کی نمائندگی کرتی ہے یہ سطر نوٹس کی عبارت کی نمائندگی کرتی ہے
یہ سطر نوٹس کی عبارت کی نمائندگی کرتی ہے یہ سطر نوٹس کی عبارت کی نمائندگی کرتی ہے
یہ سطر نوٹس کی عبارت کی نمائندگی کرتی ہے یہ سطر نوٹس کی عبارت کی نمائندگی کرتی ہے
یہ سطر نوٹس کی عبارت کی نمائندگی کرتی ہے یہ سطر نوٹس کی عبارت کی نمائندگی کرتی ہے
یہ سطر نوٹس کی عبارت کی نمائندگی کرتی ہے یہ سطر نوٹس کی عبارت کی نمائندگی کرتی ہے
یہ سطر نوٹس کی عبارت کی نمائندگی کرتی ہے یہ سطر نوٹس کی عبارت کی نمائندگی کرتی ہے
18
تجبیات
یہ سطر نوٹس کی عبارت کی نمائندگی کرتی ہے یہ سطر نوٹس کی عبارت کی نمائندگی کرتی ہے
یہ سطر نوٹس کی عبارت کی نمائندگی کرتی ہے یہ سطر نوٹس کی عبارت کی نمائندگی کرتی ہے
یہ سطر نوٹس کی عبارت کی نمائندگی کرتی ہے یہ سطر نوٹس کی عبارت کی نمائندگی کرتی ہے
یہ سطر نوٹس کی عبارت کی نمائندگی کرتی ہے یہ سطر نوٹس کی عبارت کی نمائندگی کرتی ہے
یہ سطر نوٹس کی عبارت کی نمائندگی کرتی ہے یہ سطر نوٹس کی عبارت کی نمائندگی کرتی ہے
یہ سطر نوٹس کی عبارت کی نمائندگی کرتی ہے یہ سطر نوٹس کی عبارت کی نمائندگی کرتی ہے
یہ سطر نوٹس کی عبارت کی نمائندگی کرتی ہے یہ سطر نوٹس کی عبارت کی نمائندگی کرتی ہے
یہ سطر نوٹس کی عبارت کی نمائندگی کرتی ہے یہ سطر نوٹس کی عبارت کی نمائندگی کرتی ہے
یہ سطر نوٹس کی عبارت کی نمائندگی کرتی ہے یہ سطر نوٹس کی عبارت کی نمائندگی کرتی ہے
یہ سطر نوٹس کی عبارت کی نمائندگی کرتی ہے یہ سطر نوٹس کی عبارت کی نمائندگی کرتی ہے
یہ سطر نوٹس کی عبارت کی نمائندگی کرتی ہے یہ سطر نوٹس کی عبارت کی نمائندگی کرتی ہے
یہ سطر نوٹس کی عبارت کی نمائندگی کرتی ہے یہ سطر نوٹس کی عبارت کی نمائندگی کرتی ہے
یہ سطر نوٹس کی عبارت کی نمائندگی کرتی ہے یہ سطر نوٹس کی عبارت کی نمائندگی کرتی ہے
یہ سطر نوٹس کی عبارت کی نمائندگی کرتی ہے یہ سطر نوٹس کی عبارت کی نمائندگی کرتی ہے
یہ سطر نوٹس کی عبارت کی نمائندگی کرتی ہے یہ سطر نوٹس کی عبارت کی نمائندگی کرتی ہے
یہ سطر نوٹس کی عبارت کی نمائندگی کرتی ہے یہ سطر نوٹس کی عبارت کی نمائندگی کرتی ہے
19
تجبیات
یہ سطر نوٹس کی عبارت کی نمائندگی کرتی ہے یہ سطر نوٹس کی عبارت کی نمائندگی کرتی ہے
یہ سطر نوٹس کی عبارت کی نمائندگی کرتی ہے یہ سطر نوٹس کی عبارت کی نمائندگی کرتی ہے
یہ سطر نوٹس کی عبارت کی نمائندگی کرتی ہے یہ سطر نوٹس کی عبارت کی نمائندگی کرتی ہے
یہ سطر نوٹس کی عبارت کی نمائندگی کرتی ہے یہ سطر نوٹس کی عبارت کی نمائندگی کرتی ہے
یہ سطر نوٹس کی عبارت کی نمائندگی کرتی ہے یہ سطر نوٹس کی عبارت کی نمائندگی کرتی ہے
20
تجبیات
یہ سطر نوٹس کی عبارت کی نمائندگی کرتی ہے یہ سطر نوٹس کی عبارت کی نمائندگی کرتی ہے
یہ سطر نوٹس کی عبارت کی نمائندگی کرتی ہے یہ سطر نوٹس کی عبارت کی نمائندگی کرتی ہے
یہ سطر نوٹس کی عبارت کی نمائندگی کرتی ہے یہ سطر نوٹس کی عبارت کی نمائندگی کرتی ہے
یہ سطر نوٹس کی عبارت کی نمائندگی کرتی ہے یہ سطر نوٹس کی عبارت کی نمائندگی کرتی ہے
یہ سطر نوٹس کی عبارت کی نمائندگی کرتی ہے یہ سطر نوٹس کی عبارت کی نمائندگی کرتی ہے
یہ سطر نوٹس کی عبارت کی نمائندگی کرتی ہے یہ سطر نوٹس کی عبارت کی نمائندگی کرتی ہے
21
تجبیات
یہ سطر نوٹس کی عبارت کی نمائندگی کرتی ہے یہ سطر نوٹس کی عبارت کی نمائندگی کرتی ہے
یہ سطر نوٹس کی عبارت کی نمائندگی کرتی ہے یہ سطر نوٹس کی عبارت کی نمائندگی کرتی ہے
یہ سطر نوٹس کی عبارت کی نمائندگی کرتی ہے یہ سطر نوٹس کی عبارت کی نمائندگی کرتی ہے
یہ سطر نوٹس کی عبارت کی نمائندگی کرتی ہے یہ سطر نوٹس کی عبارت کی نمائندگی کرتی ہے
یہ سطر نوٹس کی عبارت کی نمائندگی کرتی ہے یہ سطر نوٹس کی عبارت کی نمائندگی کرتی ہے
یہ سطر نوٹس کی عبارت کی نمائندگی کرتی ہے یہ سطر نوٹس کی عبارت کی نمائندگی کرتی ہے
یہ سطر نوٹس کی عبارت کی نمائندگی کرتی ہے یہ سطر نوٹس کی عبارت کی نمائندگی کرتی ہے
یہ سطر نوٹس کی عبارت کی نمائندگی کرتی ہے یہ سطر نوٹس کی عبارت کی نمائندگی کرتی ہے
یہ سطر نوٹس کی عبارت کی نمائندگی کرتی ہے یہ سطر نوٹس کی عبارت کی نمائندگی کرتی ہے
یہ سطر نوٹس کی عبارت کی نمائندگی کرتی ہے یہ سطر نوٹس کی عبارت کی نمائندگی کرتی ہے
یہ سطر نوٹس کی عبارت کی نمائندگی کرتی ہے یہ سطر نوٹس کی عبارت کی نمائندگی کرتی ہے
یہ سطر نوٹس کی عبارت کی نمائندگی کرتی ہے یہ سطر نوٹس کی عبارت کی نمائندگی کرتی ہے
یہ سطر نوٹس کی عبارت کی نمائندگی کرتی ہے یہ سطر نوٹس کی عبارت کی نمائندگی کرتی ہے
یہ سطر نوٹس کی عبارت کی نمائندگی کرتی ہے یہ سطر نوٹس کی عبارت کی نمائندگی کرتی ہے
22
تجبیات
یہ سطر نوٹس کی عبارت کی نمائندگی کرتی ہے یہ سطر نوٹس کی عبارت کی نمائندگی کرتی ہے
یہ سطر نوٹس کی عبارت کی نمائندگی کرتی ہے یہ سطر نوٹس کی عبارت کی نمائندگی کرتی ہے
یہ سطر نوٹس کی عبارت کی نمائندگی کرتی ہے یہ سطر نوٹس کی عبارت کی نمائندگی کرتی ہے
یہ سطر نوٹس کی عبارت کی نمائندگی کرتی ہے یہ سطر نوٹس کی عبارت کی نمائندگی کرتی ہے
یہ سطر نوٹس کی عبارت کی نمائندگی کرتی ہے یہ سطر نوٹس کی عبارت کی نمائندگی کرتی ہے
یہ سطر نوٹس کی عبارت کی نمائندگی کرتی ہے یہ سطر نوٹس کی عبارت کی نمائندگی کرتی ہے
یہ سطر نوٹس کی عبارت کی نمائندگی کرتی ہے یہ سطر نوٹس کی عبارت کی نمائندگی کرتی ہے
یہ سطر نوٹس کی عبارت کی نمائندگی کرتی ہے یہ سطر نوٹس کی عبارت کی نمائندگی کرتی ہے
یہ سطر نوٹس کی عبارت کی نمائندگی کرتی ہے یہ سطر نوٹس کی عبارت کی نمائندگی کرتی ہے
یہ سطر نوٹس کی عبارت کی نمائندگی کرتی ہے یہ سطر نوٹس کی عبارت کی نمائندگی کرتی ہے
یہ سطر نوٹس کی عبارت کی نمائندگی کرتی ہے یہ سطر نوٹس کی عبارت کی نمائندگی کرتی ہے
یہ سطر نوٹس کی عبارت کی نمائندگی کرتی ہے یہ سطر نوٹس کی عبارت کی نمائندگی کرتی ہے
یہ سطر نوٹس کی عبارت کی نمائندگی کرتی ہے یہ سطر نوٹس کی عبارت کی نمائندگی کرتی ہے
یہ سطر نوٹس کی عبارت کی نمائندگی کرتی ہے یہ سطر نوٹس کی عبارت کی نمائندگی کرتی ہے
یہ سطر نوٹس کی عبارت کی نمائندگی کرتی ہے یہ سطر نوٹس کی عبارت کی نمائندگی کرتی ہے
یہ سطر نوٹس کی عبارت کی نمائندگی کرتی ہے یہ سطر نوٹس کی عبارت کی نمائندگی کرتی ہے
23
تجبیات
یہ سطر نوٹس کی عبارت کی نمائندگی کرتی ہے یہ سطر نوٹس کی عبارت کی نمائندگی کرتی ہے
یہ سطر نوٹس کی عبارت کی نمائندگی کرتی ہے یہ سطر نوٹس کی عبارت کی نمائندگی کرتی ہے
یہ سطر نوٹس کی عبارت کی نمائندگی کرتی ہے یہ سطر نوٹس کی عبارت کی نمائندگی کرتی ہے
یہ سطر نوٹس کی عبارت کی نمائندگی کرتی ہے یہ سطر نوٹس کی عبارت کی نمائندگی کرتی ہے
یہ سطر نوٹس کی عبارت کی نمائندگی کرتی ہے یہ سطر نوٹس کی عبارت کی نمائندگی کرتی ہے
یہ سطر نوٹس کی عبارت کی نمائندگی کرتی ہے یہ سطر نوٹس کی عبارت کی نمائندگی کرتی ہے
یہ سطر نوٹس کی عبارت کی نمائندگی کرتی ہے یہ سطر نوٹس کی عبارت کی نمائندگی کرتی ہے
یہ سطر نوٹس کی عبارت کی نمائندگی کرتی ہے یہ سطر نوٹس کی عبارت کی نمائندگی کرتی ہے
یہ سطر نوٹس کی عبارت کی نمائندگی کرتی ہے یہ سطر نوٹس کی عبارت کی نمائندگی کرتی ہے
یہ سطر نوٹس کی عبارت کی نمائندگی کرتی ہے یہ سطر نوٹس کی عبارت کی نمائندگی کرتی ہے
24
تجبیات
یہ سطر نوٹس کی عبارت کی نمائندگی کرتی ہے یہ سطر نوٹس کی عبارت کی نمائندگی کرتی ہے
یہ سطر نوٹس کی عبارت کی نمائندگی کرتی ہے یہ سطر نوٹس کی عبارت کی نمائندگی کرتی ہے
یہ سطر نوٹس کی عبارت کی نمائندگی کرتی ہے یہ سطر نوٹس کی عبارت کی نمائندگی کرتی ہے
یہ سطر نوٹس کی عبارت کی نمائندگی کرتی ہے یہ سطر نوٹس کی عبارت کی نمائندگی کرتی ہے
یہ سطر نوٹس کی عبارت کی نمائندگی کرتی ہے یہ سطر نوٹس کی عبارت کی نمائندگی کرتی ہے
یہ سطر نوٹس کی عبارت کی نمائندگی کرتی ہے یہ سطر نوٹس کی عبارت کی نمائندگی کرتی ہے
یہ سطر نوٹس کی عبارت کی نمائندگی کرتی ہے یہ سطر نوٹس کی عبارت کی نمائندگی کرتی ہے
یہ سطر نوٹس کی عبارت کی نمائندگی کرتی ہے یہ سطر نوٹس کی عبارت کی نمائندگی کرتی ہے
یہ سطر نوٹس کی عبارت کی نمائندگی کرتی ہے یہ سطر نوٹس کی عبارت کی نمائندگی کرتی ہے
یہ سطر نوٹس کی عبارت کی نمائندگی کرتی ہے یہ سطر نوٹس کی عبارت کی نمائندگی کرتی ہے
25
تجبیات
یہ سطر نوٹس کی عبارت کی نمائندگی کرتی ہے یہ سطر نوٹس کی عبارت کی نمائندگی کرتی ہے
یہ سطر نوٹس کی عبارت کی نمائندگی کرتی ہے یہ سطر نوٹس کی عبارت کی نمائندگی کرتی ہے
یہ سطر نوٹس کی عبارت کی نمائندگی کرتی ہے یہ سطر نوٹس کی عبارت کی نمائندگی کرتی ہے
یہ سطر نوٹس کی عبارت کی نمائندگی کرتی ہے یہ سطر نوٹس کی عبارت کی نمائندگی کرتی ہے
یہ سطر نوٹس کی عبارت کی نمائندگی کرتی ہے یہ سطر نوٹس کی عبارت کی نمائندگی کرتی ہے
یہ سطر نوٹس کی عبارت کی نمائندگی کرتی ہے یہ سطر نوٹس کی عبارت کی نمائندگی کرتی ہے
یہ سطر نوٹس کی عبارت کی نمائندگی کرتی ہے یہ سطر نوٹس کی عبارت کی نمائندگی کرتی ہے
یہ سطر نوٹس کی عبارت کی نمائندگی کرتی ہے یہ سطر نوٹس کی عبارت کی نمائندگی کرتی ہے
یہ سطر نوٹس کی عبارت کی نمائندگی کرتی ہے یہ سطر نوٹس کی عبارت کی نمائندگی کرتی ہے
یہ سطر نوٹس کی عبارت کی نمائندگی کرتی ہے یہ سطر نوٹس کی عبارت کی نمائندگی کرتی ہے
یہ سطر نوٹس کی عبارت کی نمائندگی کرتی ہے یہ سطر نوٹس کی عبارت کی نمائندگی کرتی ہے
یہ سطر نوٹس کی عبارت کی نمائندگی کرتی ہے یہ سطر نوٹس کی عبارت کی نمائندگی کرتی ہے
26
تجبیات
یہ سطر نوٹس کی عبارت کی نمائندگی کرتی ہے یہ سطر نوٹس کی عبارت کی نمائندگی کرتی ہے
یہ سطر نوٹس کی عبارت کی نمائندگی کرتی ہے یہ سطر نوٹس کی عبارت کی نمائندگی کرتی ہے
یہ سطر نوٹس کی عبارت کی نمائندگی کرتی ہے یہ سطر نوٹس کی عبارت کی نمائندگی کرتی ہے
27
تجبیات
یہ سطر نوٹس کی عبارت کی نمائندگی کرتی ہے یہ سطر نوٹس کی عبارت کی نمائندگی کرتی ہے
یہ سطر نوٹس کی عبارت کی نمائندگی کرتی ہے یہ سطر نوٹس کی عبارت کی نمائندگی کرتی ہے
یہ سطر نوٹس کی عبارت کی نمائندگی کرتی ہے یہ سطر نوٹس کی عبارت کی نمائندگی کرتی ہے
یہ سطر نوٹس کی عبارت کی نمائندگی کرتی ہے یہ سطر نوٹس کی عبارت کی نمائندگی کرتی ہے
یہ سطر نوٹس کی عبارت کی نمائندگی کرتی ہے یہ سطر نوٹس کی عبارت کی نمائندگی کرتی ہے
یہ سطر نوٹس کی عبارت کی نمائندگی کرتی ہے یہ سطر نوٹس کی عبارت کی نمائندگی کرتی ہے
یہ سطر نوٹس کی عبارت کی نمائندگی کرتی ہے یہ سطر نوٹس کی عبارت کی نمائندگی کرتی ہے
یہ سطر نوٹس کی عبارت کی نمائندگی کرتی ہے یہ سطر نوٹس کی عبارت کی نمائندگی کرتی ہے
یہ سطر نوٹس کی عبارت کی نمائندگی کرتی ہے یہ سطر نوٹس کی عبارت کی نمائندگی کرتی ہے
یہ سطر نوٹس کی عبارت کی نمائندگی کرتی ہے یہ سطر نوٹس کی عبارت کی نمائندگی کرتی ہے
یہ سطر نوٹس کی عبارت کی نمائندگی کرتی ہے یہ سطر نوٹس کی عبارت کی نمائندگی کرتی ہے
یہ سطر نوٹس کی عبارت کی نمائندگی کرتی ہے یہ سطر نوٹس کی عبارت کی نمائندگی کرتی ہے
یہ سطر نوٹس کی عبارت کی نمائندگی کرتی ہے یہ سطر نوٹس کی عبارت کی نمائندگی کرتی ہے
یہ سطر نوٹس کی عبارت کی نمائندگی کرتی ہے یہ سطر نوٹس کی عبارت کی نمائندگی کرتی ہے
یہ سطر نوٹس کی عبارت کی نمائندگی کرتی ہے یہ سطر نوٹس کی عبارت کی نمائندگی کرتی ہے
یہ سطر نوٹس کی عبارت کی نمائندگی کرتی ہے یہ سطر نوٹس کی عبارت کی نمائندگی کرتی ہے
یہ سطر نوٹس کی عبارت کی نمائندگی کرتی ہے یہ سطر نوٹس کی عبارت کی نمائندگی کرتی ہے
یہ سطر نوٹس کی عبارت کی نمائندگی کرتی ہے یہ سطر نوٹس کی عبارت کی نمائندگی کرتی ہے
یہ سطر نوٹس کی عبارت کی نمائندگی کرتی ہے یہ سطر نوٹس کی عبارت کی نمائندگی کرتی ہے
یہ سطر نوٹس کی عبارت کی نمائندگی کرتی ہے یہ سطر نوٹس کی عبارت کی نمائندگی کرتی ہے
28
تجبیات
یہ سطر نوٹس کی عبارت کی نمائندگی کرتی ہے یہ سطر نوٹس کی عبارت کی نمائندگی کرتی ہے
یہ سطر نوٹس کی عبارت کی نمائندگی کرتی ہے یہ سطر نوٹس کی عبارت کی نمائندگی کرتی ہے
یہ سطر نوٹس کی عبارت کی نمائندگی کرتی ہے یہ سطر نوٹس کی عبارت کی نمائندگی کرتی ہے
یہ سطر نوٹس کی عبارت کی نمائندگی کرتی ہے یہ سطر نوٹس کی عبارت کی نمائندگی کرتی ہے
یہ سطر نوٹس کی عبارت کی نمائندگی کرتی ہے یہ سطر نوٹس کی عبارت کی نمائندگی کرتی ہے
یہ سطر نوٹس کی عبارت کی نمائندگی کرتی ہے یہ سطر نوٹس کی عبارت کی نمائندگی کرتی ہے
یہ سطر نوٹس کی عبارت کی نمائندگی کرتی ہے یہ سطر نوٹس کی عبارت کی نمائندگی کرتی ہے
یہ سطر نوٹس کی عبارت کی نمائندگی کرتی ہے یہ سطر نوٹس کی عبارت کی نمائندگی کرتی ہے
یہ سطر نوٹس کی عبارت کی نمائندگی کرتی ہے یہ سطر نوٹس کی عبارت کی نمائندگی کرتی ہے
یہ سطر نوٹس کی عبارت کی نمائندگی کرتی ہے یہ سطر نوٹس کی عبارت کی نمائندگی کرتی ہے
29
تجبیات
یہ سطر نوٹس کی عبارت کی نمائندگی کرتی ہے یہ سطر نوٹس کی عبارت کی نمائندگی کرتی ہے
یہ سطر نوٹس کی عبارت کی نمائندگی کرتی ہے یہ سطر نوٹس کی عبارت کی نمائندگی کرتی ہے
یہ سطر نوٹس کی عبارت کی نمائندگی کرتی ہے یہ سطر نوٹس کی عبارت کی نمائندگی کرتی ہے
یہ سطر نوٹس کی عبارت کی نمائندگی کرتی ہے یہ سطر نوٹس کی عبارت کی نمائندگی کرتی ہے
یہ سطر نوٹس کی عبارت کی نمائندگی کرتی ہے یہ سطر نوٹس کی عبارت کی نمائندگی کرتی ہے
یہ سطر نوٹس کی عبارت کی نمائندگی کرتی ہے یہ سطر نوٹس کی عبارت کی نمائندگی کرتی ہے
یہ سطر نوٹس کی عبارت کی نمائندگی کرتی ہے یہ سطر نوٹس کی عبارت کی نمائندگی کرتی ہے
یہ سطر نوٹس کی عبارت کی نمائندگی کرتی ہے یہ سطر نوٹس کی عبارت کی نمائندگی کرتی ہے
یہ سطر نوٹس کی عبارت کی نمائندگی کرتی ہے یہ سطر نوٹس کی عبارت کی نمائندگی کرتی ہے
یہ سطر نوٹس کی عبارت کی نمائندگی کرتی ہے یہ سطر نوٹس کی عبارت کی نمائندگی کرتی ہے
یہ سطر نوٹس کی عبارت کی نمائندگی کرتی ہے یہ سطر نوٹس کی عبارت کی نمائندگی کرتی ہے
یہ سطر نوٹس کی عبارت کی نمائندگی کرتی ہے یہ سطر نوٹس کی عبارت کی نمائندگی کرتی ہے
30
تجبیات
یہ سطر نوٹس کی عبارت کی نمائندگی کرتی ہے یہ سطر نوٹس کی عبارت کی نمائندگی کرتی ہے
یہ سطر نوٹس کی عبارت کی نمائندگی کرتی ہے یہ سطر نوٹس کی عبارت کی نمائندگی کرتی ہے
یہ سطر نوٹس کی عبارت کی نمائندگی کرتی ہے یہ سطر نوٹس کی عبارت کی نمائندگی کرتی ہے
یہ سطر نوٹس کی عبارت کی نمائندگی کرتی ہے یہ سطر نوٹس کی عبارت کی نمائندگی کرتی ہے
یہ سطر نوٹس کی عبارت کی نمائندگی کرتی ہے یہ سطر نوٹس کی عبارت کی نمائندگی کرتی ہے
یہ سطر نوٹس کی عبارت کی نمائندگی کرتی ہے یہ سطر نوٹس کی عبارت کی نمائندگی کرتی ہے
یہ سطر نوٹس کی عبارت کی نمائندگی کرتی ہے یہ سطر نوٹس کی عبارت کی نمائندگی کرتی ہے
یہ سطر نوٹس کی عبارت کی نمائندگی کرتی ہے یہ سطر نوٹس کی عبارت کی نمائندگی کرتی ہے
یہ سطر نوٹس کی عبارت کی نمائندگی کرتی ہے یہ سطر نوٹس کی عبارت کی نمائندگی کرتی ہے
یہ سطر نوٹس کی عبارت کی نمائندگی کرتی ہے یہ سطر نوٹس کی عبارت کی نمائندگی کرتی ہے
31
تجبیات
یہ سطر نوٹس کی عبارت کی نمائندگی کرتی ہے یہ سطر نوٹس کی عبارت کی نمائندگی کرتی ہے
یہ سطر نوٹس کی عبارت کی نمائندگی کرتی ہے یہ سطر نوٹس کی عبارت کی نمائندگی کرتی ہے
یہ سطر نوٹس کی عبارت کی نمائندگی کرتی ہے یہ سطر نوٹس کی عبارت کی نمائندگی کرتی ہے
یہ سطر نوٹس کی عبارت کی نمائندگی کرتی ہے یہ سطر نوٹس کی عبارت کی نمائندگی کرتی ہے
یہ سطر نوٹس کی عبارت کی نمائندگی کرتی ہے یہ سطر نوٹس کی عبارت کی نمائندگی کرتی ہے
یہ سطر نوٹس کی عبارت کی نمائندگی کرتی ہے یہ سطر نوٹس کی عبارت کی نمائندگی کرتی ہے
یہ سطر نوٹس کی عبارت کی نمائندگی کرتی ہے یہ سطر نوٹس کی عبارت کی نمائندگی کرتی ہے
یہ سطر نوٹس کی عبارت کی نمائندگی کرتی ہے یہ سطر نوٹس کی عبارت کی نمائندگی کرتی ہے
یہ سطر نوٹس کی عبارت کی نمائندگی کرتی ہے یہ سطر نوٹس کی عبارت کی نمائندگی کرتی ہے
یہ سطر نوٹس کی عبارت کی نمائندگی کرتی ہے یہ سطر نوٹس کی عبارت کی نمائندگی کرتی ہے
یہ سطر نوٹس کی عبارت کی نمائندگی کرتی ہے یہ سطر نوٹس کی عبارت کی نمائندگی کرتی ہے
یہ سطر نوٹس کی عبارت کی نمائندگی کرتی ہے یہ سطر نوٹس کی عبارت کی نمائندگی کرتی ہے
یہ سطر نوٹس کی عبارت کی نمائندگی کرتی ہے یہ سطر نوٹس کی عبارت کی نمائندگی کرتی ہے
یہ سطر نوٹس کی عبارت کی نمائندگی کرتی ہے یہ سطر نوٹس کی عبارت کی نمائندگی کرتی ہے
یہ سطر نوٹس کی عبارت کی نمائندگی کرتی ہے یہ سطر نوٹس کی عبارت کی نمائندگی کرتی ہے
یہ سطر نوٹس کی عبارت کی نمائندگی کرتی ہے یہ سطر نوٹس کی عبارت کی نمائندگی کرتی ہے
32
تجبیات
یہ سطر نوٹس کی عبارت کی نمائندگی کرتی ہے یہ سطر نوٹس کی عبارت کی نمائندگی کرتی ہے
یہ سطر نوٹس کی عبارت کی نمائندگی کرتی ہے یہ سطر نوٹس کی عبارت کی نمائندگی کرتی ہے
یہ سطر نوٹس کی عبارت کی نمائندگی کرتی ہے یہ سطر نوٹس کی عبارت کی نمائندگی کرتی ہے
یہ سطر نوٹس کی عبارت کی نمائندگی کرتی ہے یہ سطر نوٹس کی عبارت کی نمائندگی کرتی ہے
یہ سطر نوٹس کی عبارت کی نمائندگی کرتی ہے یہ سطر نوٹس کی عبارت کی نمائندگی کرتی ہے
یہ سطر نوٹس کی عبارت کی نمائندگی کرتی ہے یہ سطر نوٹس کی عبارت کی نمائندگی کرتی ہے
یہ سطر نوٹس کی عبارت کی نمائندگی کرتی ہے یہ سطر نوٹس کی عبارت کی نمائندگی کرتی ہے
یہ سطر نوٹس کی عبارت کی نمائندگی کرتی ہے یہ سطر نوٹس کی عبارت کی نمائندگی کرتی ہے
یہ سطر نوٹس کی عبارت کی نمائندگی کرتی ہے یہ سطر نوٹس کی عبارت کی نمائندگی کرتی ہے
یہ سطر نوٹس کی عبارت کی نمائندگی کرتی ہے یہ سطر نوٹس کی عبارت کی نمائندگی کرتی ہے
33
تجبیات
یہ سطر نوٹس کی عبارت کی نمائندگی کرتی ہے یہ سطر نوٹس کی عبارت کی نمائندگی کرتی ہے
یہ سطر نوٹس کی عبارت کی نمائندگی کرتی ہے یہ سطر نوٹس کی عبارت کی نمائندگی کرتی ہے
یہ سطر نوٹس کی عبارت کی نمائندگی کرتی ہے یہ سطر نوٹس کی عبارت کی نمائندگی کرتی ہے
یہ سطر نوٹس کی عبارت کی نمائندگی کرتی ہے یہ سطر نوٹس کی عبارت کی نمائندگی کرتی ہے
یہ سطر نوٹس کی عبارت کی نمائندگی کرتی ہے یہ سطر نوٹس کی عبارت کی نمائندگی کرتی ہے
یہ سطر نوٹس کی عبارت کی نمائندگی کرتی ہے یہ سطر نوٹس کی عبارت کی نمائندگی کرتی ہے
یہ سطر نوٹس کی عبارت کی نمائندگی کرتی ہے یہ سطر نوٹس کی عبارت کی نمائندگی کرتی ہے
یہ سطر نوٹس کی عبارت کی نمائندگی کرتی ہے یہ سطر نوٹس کی عبارت کی نمائندگی کرتی ہے
یہ سطر نوٹس کی عبارت کی نمائندگی کرتی ہے یہ سطر نوٹس کی عبارت کی نمائندگی کرتی ہے
یہ سطر نوٹس کی عبارت کی نمائندگی کرتی ہے یہ سطر نوٹس کی عبارت کی نمائندگی کرتی ہے
34
تجبیات
یہ سطر نوٹس کی عبارت کی نمائندگی کرتی ہے یہ سطر نوٹس کی عبارت کی نمائندگی کرتی ہے
یہ سطر نوٹس کی عبارت کی نمائندگی کرتی ہے یہ سطر نوٹس کی عبارت کی نمائندگی کرتی ہے
یہ سطر نوٹس کی عبارت کی نمائندگی کرتی ہے یہ سطر نوٹس کی عبارت کی نمائندگی کرتی ہے
یہ سطر نوٹس کی عبارت کی نمائندگی کرتی ہے یہ سطر نوٹس کی عبارت کی نمائندگی کرتی ہے
یہ سطر نوٹس کی عبارت کی نمائندگی کرتی ہے یہ سطر نوٹس کی عبارت کی نمائندگی کرتی ہے
یہ سطر نوٹس کی عبارت کی نمائندگی کرتی ہے یہ سطر نوٹس کی عبارت کی نمائندگی کرتی ہے
یہ سطر نوٹس کی عبارت کی نمائندگی کرتی ہے یہ سطر نوٹس کی عبارت کی نمائندگی کرتی ہے
یہ سطر نوٹس کی عبارت کی نمائندگی کرتی ہے یہ سطر نوٹس کی عبارت کی نمائندگی کرتی ہے
35
تجبیات
یہ سطر نوٹس کی عبارت کی نمائندگی کرتی ہے یہ سطر نوٹس کی عبارت کی نمائندگی کرتی ہے
یہ سطر نوٹس کی عبارت کی نمائندگی کرتی ہے یہ سطر نوٹس کی عبارت کی نمائندگی کرتی ہے
یہ سطر نوٹس کی عبارت کی نمائندگی کرتی ہے یہ سطر نوٹس کی عبارت کی نمائندگی کرتی ہے
یہ سطر نوٹس کی عبارت کی نمائندگی کرتی ہے یہ سطر نوٹس کی عبارت کی نمائندگی کرتی ہے
یہ سطر نوٹس کی عبارت کی نمائندگی کرتی ہے یہ سطر نوٹس کی عبارت کی نمائندگی کرتی ہے
یہ سطر نوٹس کی عبارت کی نمائندگی کرتی ہے یہ سطر نوٹس کی عبارت کی نمائندگی کرتی ہے
یہ سطر نوٹس کی عبارت کی نمائندگی کرتی ہے یہ سطر نوٹس کی عبارت کی نمائندگی کرتی ہے
یہ سطر نوٹس کی عبارت کی نمائندگی کرتی ہے یہ سطر نوٹس کی عبارت کی نمائندگی کرتی ہے
یہ سطر نوٹس کی عبارت کی نمائندگی کرتی ہے یہ سطر نوٹس کی عبارت کی نمائندگی کرتی ہے
یہ سطر نوٹس کی عبارت کی نمائندگی کرتی ہے یہ سطر نوٹس کی عبارت کی نمائندگی کرتی ہے
یہ سطر نوٹس کی عبارت کی نمائندگی کرتی ہے یہ سطر نوٹس کی عبارت کی نمائندگی کرتی ہے
یہ سطر نوٹس کی عبارت کی نمائندگی کرتی ہے یہ سطر نوٹس کی عبارت کی نمائندگی کرتی ہے
36
تجبیات
یہ سطر نوٹس کی عبارت کی نمائندگی کرتی ہے یہ سطر نوٹس کی عبارت کی نمائندگی کرتی ہے
یہ سطر نوٹس کی عبارت کی نمائندگی کرتی ہے یہ سطر نوٹس کی عبارت کی نمائندگی کرتی ہے
یہ سطر نوٹس کی عبارت کی نمائندگی کرتی ہے یہ سطر نوٹس کی عبارت کی نمائندگی کرتی ہے
یہ سطر نوٹس کی عبارت کی نمائندگی کرتی ہے یہ سطر نوٹس کی عبارت کی نمائندگی کرتی ہے
یہ سطر نوٹس کی عبارت کی نمائندگی کرتی ہے یہ سطر نوٹس کی عبارت کی نمائندگی کرتی ہے
یہ سطر نوٹس کی عبارت کی نمائندگی کرتی ہے یہ سطر نوٹس کی عبارت کی نمائندگی کرتی ہے
37
تجبیات
یہ سطر نوٹس کی عبارت کی نمائندگی کرتی ہے یہ سطر نوٹس کی عبارت کی نمائندگی کرتی ہے
یہ سطر نوٹس کی عبارت کی نمائندگی کرتی ہے یہ سطر نوٹس کی عبارت کی نمائندگی کرتی ہے
یہ سطر نوٹس کی عبارت کی نمائندگی کرتی ہے یہ سطر نوٹس کی عبارت کی نمائندگی کرتی ہے
یہ سطر نوٹس کی عبارت کی نمائندگی کرتی ہے یہ سطر نوٹس کی عبارت کی نمائندگی کرتی ہے
یہ سطر نوٹس کی عبارت کی نمائندگی کرتی ہے یہ سطر نوٹس کی عبارت کی نمائندگی کرتی ہے
یہ سطر نوٹس کی عبارت کی نمائندگی کرتی ہے یہ سطر نوٹس کی عبارت کی نمائندگی کرتی ہے
38
تجبیات
یہ سطر نوٹس کی عبارت کی نمائندگی کرتی ہے یہ سطر نوٹس کی عبارت کی نمائندگی کرتی ہے
یہ سطر نوٹس کی عبارت کی نمائندگی کرتی ہے یہ سطر نوٹس کی عبارت کی نمائندگی کرتی ہے
یہ سطر نوٹس کی عبارت کی نمائندگی کرتی ہے یہ سطر نوٹس کی عبارت کی نمائندگی کرتی ہے
یہ سطر نوٹس کی عبارت کی نمائندگی کرتی ہے یہ سطر نوٹس کی عبارت کی نمائندگی کرتی ہے
39
تجبیات
یہ سطر نوٹس کی عبارت کی نمائندگی کرتی ہے یہ سطر نوٹس کی عبارت کی نمائندگی کرتی ہے
یہ سطر نوٹس کی عبارت کی نمائندگی کرتی ہے یہ سطر نوٹس کی عبارت کی نمائندگی کرتی ہے
یہ سطر نوٹس کی عبارت کی نمائندگی کرتی ہے یہ سطر نوٹس کی عبارت کی نمائندگی کرتی ہے
یہ سطر نوٹس کی عبارت کی نمائندگی کرتی ہے یہ سطر نوٹس کی عبارت کی نمائندگی کرتی ہے
یہ سطر نوٹس کی عبارت کی نمائندگی کرتی ہے یہ سطر نوٹس کی عبارت کی نمائندگی کرتی ہے
یہ سطر نوٹس کی عبارت کی نمائندگی کرتی ہے یہ سطر نوٹس کی عبارت کی نمائندگی کرتی ہے
یہ سطر نوٹس کی عبارت کی نمائندگی کرتی ہے یہ سطر نوٹس کی عبارت کی نمائندگی کرتی ہے
یہ سطر نوٹس کی عبارت کی نمائندگی کرتی ہے یہ سطر نوٹس کی عبارت کی نمائندگی کرتی ہے
40
تجبیات
یہ سطر نوٹس کی عبارت کی نمائندگی کرتی ہے یہ سطر نوٹس کی عبارت کی نمائندگی کرتی ہے
یہ سطر نوٹس کی عبارت کی نمائندگی کرتی ہے یہ سطر نوٹس کی عبارت کی نمائندگی کرتی ہے
یہ سطر نوٹس کی عبارت کی نمائندگی کرتی ہے یہ سطر نوٹس کی عبارت کی نمائندگی کرتی ہے
یہ سطر نوٹس کی عبارت کی نمائندگی کرتی ہے یہ سطر نوٹس کی عبارت کی نمائندگی کرتی ہے
یہ سطر نوٹس کی عبارت کی نمائندگی کرتی ہے یہ سطر نوٹس کی عبارت کی نمائندگی کرتی ہے
یہ سطر نوٹس کی عبارت کی نمائندگی کرتی ہے یہ سطر نوٹس کی عبارت کی نمائندگی کرتی ہے
یہ سطر نوٹس کی عبارت کی نمائندگی کرتی ہے یہ سطر نوٹس کی عبارت کی نمائندگی کرتی ہے
یہ سطر نوٹس کی عبارت کی نمائندگی کرتی ہے یہ سطر نوٹس کی عبارت کی نمائندگی کرتی ہے
41
تجبیات
یہ سطر نوٹس کی عبارت کی نمائندگی کرتی ہے یہ سطر نوٹس کی عبارت کی نمائندگی کرتی ہے
یہ سطر نوٹس کی عبارت کی نمائندگی کرتی ہے یہ سطر نوٹس کی عبارت کی نمائندگی کرتی ہے
یہ سطر نوٹس کی عبارت کی نمائندگی کرتی ہے یہ سطر نوٹس کی عبارت کی نمائندگی کرتی ہے
یہ سطر نوٹس کی عبارت کی نمائندگی کرتی ہے یہ سطر نوٹس کی عبارت کی نمائندگی کرتی ہے
یہ سطر نوٹس کی عبارت کی نمائندگی کرتی ہے یہ سطر نوٹس کی عبارت کی نمائندگی کرتی ہے
یہ سطر نوٹس کی عبارت کی نمائندگی کرتی ہے یہ سطر نوٹس کی عبارت کی نمائندگی کرتی ہے
یہ سطر نوٹس کی عبارت کی نمائندگی کرتی ہے یہ سطر نوٹس کی عبارت کی نمائندگی کرتی ہے
یہ سطر نوٹس کی عبارت کی نمائندگی کرتی ہے یہ سطر نوٹس کی عبارت کی نمائندگی کرتی ہے
42
تجبیات
یہ سطر نوٹس کی عبارت کی نمائندگی کرتی ہے یہ سطر نوٹس کی عبارت کی نمائندگی کرتی ہے
یہ سطر نوٹس کی عبارت کی نمائندگی کرتی ہے یہ سطر نوٹس کی عبارت کی نمائندگی کرتی ہے
یہ سطر نوٹس کی عبارت کی نمائندگی کرتی ہے یہ سطر نوٹس کی عبارت کی نمائندگی کرتی ہے
یہ سطر نوٹس کی عبارت کی نمائندگی کرتی ہے یہ سطر نوٹس کی عبارت کی نمائندگی کرتی ہے
یہ سطر نوٹس کی عبارت کی نمائندگی کرتی ہے یہ سطر نوٹس کی عبارت کی نمائندگی کرتی ہے
یہ سطر نوٹس کی عبارت کی نمائندگی کرتی ہے یہ سطر نوٹس کی عبارت کی نمائندگی کرتی ہے
یہ سطر نوٹس کی عبارت کی نمائندگی کرتی ہے یہ سطر نوٹس کی عبارت کی نمائندگی کرتی ہے
یہ سطر نوٹس کی عبارت کی نمائندگی کرتی ہے یہ سطر نوٹس کی عبارت کی نمائندگی کرتی ہے
یہ سطر نوٹس کی عبارت کی نمائندگی کرتی ہے یہ سطر نوٹس کی عبارت کی نمائندگی کرتی ہے
یہ سطر نوٹس کی عبارت کی نمائندگی کرتی ہے یہ سطر نوٹس کی عبارت کی نمائندگی کرتی ہے
یہ سطر نوٹس کی عبارت کی نمائندگی کرتی ہے یہ سطر نوٹس کی عبارت کی نمائندگی کرتی ہے
یہ سطر نوٹس کی عبارت کی نمائندگی کرتی ہے یہ سطر نوٹس کی عبارت کی نمائندگی کرتی ہے
43
تجبیات
یہ سطر نوٹس کی عبارت کی نمائندگی کرتی ہے یہ سطر نوٹس کی عبارت کی نمائندگی کرتی ہے
یہ سطر نوٹس کی عبارت کی نمائندگی کرتی ہے یہ سطر نوٹس کی عبارت کی نمائندگی کرتی ہے
یہ سطر نوٹس کی عبارت کی نمائندگی کرتی ہے یہ سطر نوٹس کی عبارت کی نمائندگی کرتی ہے
یہ سطر نوٹس کی عبارت کی نمائندگی کرتی ہے یہ سطر نوٹس کی عبارت کی نمائندگی کرتی ہے
یہ سطر نوٹس کی عبارت کی نمائندگی کرتی ہے یہ سطر نوٹس کی عبارت کی نمائندگی کرتی ہے
یہ سطر نوٹس کی عبارت کی نمائندگی کرتی ہے یہ سطر نوٹس کی عبارت کی نمائندگی کرتی ہے
44
تجبیات
یہ سطر نوٹس کی عبارت کی نمائندگی کرتی ہے یہ سطر نوٹس کی عبارت کی نمائندگی کرتی ہے
یہ سطر نوٹس کی عبارت کی نمائندگی کرتی ہے یہ سطر نوٹس کی عبارت کی نمائندگی کرتی ہے
یہ سطر نوٹس کی عبارت کی نمائندگی کرتی ہے یہ سطر نوٹس کی عبارت کی نمائندگی کرتی ہے
یہ سطر نوٹس کی عبارت کی نمائندگی کرتی ہے یہ سطر نوٹس کی عبارت کی نمائندگی کرتی ہے
یہ سطر نوٹس کی عبارت کی نمائندگی کرتی ہے یہ سطر نوٹس کی عبارت کی نمائندگی کرتی ہے
یہ سطر نوٹس کی عبارت کی نمائندگی کرتی ہے یہ سطر نوٹس کی عبارت کی نمائندگی کرتی ہے
یہ سطر نوٹس کی عبارت کی نمائندگی کرتی ہے یہ سطر نوٹس کی عبارت کی نمائندگی کرتی ہے
یہ سطر نوٹس کی عبارت کی نمائندگی کرتی ہے یہ سطر نوٹس کی عبارت کی نمائندگی کرتی ہے
45
تجبیات
یہ سطر نوٹس کی عبارت کی نمائندگی کرتی ہے یہ سطر نوٹس کی عبارت کی نمائندگی کرتی ہے
یہ سطر نوٹس کی عبارت کی نمائندگی کرتی ہے یہ سطر نوٹس کی عبارت کی نمائندگی کرتی ہے
یہ سطر نوٹس کی عبارت کی نمائندگی کرتی ہے یہ سطر نوٹس کی عبارت کی نمائندگی کرتی ہے
یہ سطر نوٹس کی عبارت کی نمائندگی کرتی ہے یہ سطر نوٹس کی عبارت کی نمائندگی کرتی ہے
یہ سطر نوٹس کی عبارت کی نمائندگی کرتی ہے یہ سطر نوٹس کی عبارت کی نمائندگی کرتی ہے
یہ سطر نوٹس کی عبارت کی نمائندگی کرتی ہے یہ سطر نوٹس کی عبارت کی نمائندگی کرتی ہے
46
تجبیات
یہ سطر نوٹس کی عبارت کی نمائندگی کرتی ہے یہ سطر نوٹس کی عبارت کی نمائندگی کرتی ہے
یہ سطر نوٹس کی عبارت کی نمائندگی کرتی ہے یہ سطر نوٹس کی عبارت کی نمائندگی کرتی ہے
یہ سطر نوٹس کی عبارت کی نمائندگی کرتی ہے یہ سطر نوٹس کی عبارت کی نمائندگی کرتی ہے
یہ سطر نوٹس کی عبارت کی نمائندگی کرتی ہے یہ سطر نوٹس کی عبارت کی نمائندگی کرتی ہے
یہ سطر نوٹس کی عبارت کی نمائندگی کرتی ہے یہ سطر نوٹس کی عبارت کی نمائندگی کرتی ہے
یہ سطر نوٹس کی عبارت کی نمائندگی کرتی ہے یہ سطر نوٹس کی عبارت کی نمائندگی کرتی ہے
یہ سطر نوٹس کی عبارت کی نمائندگی کرتی ہے یہ سطر نوٹس کی عبارت کی نمائندگی کرتی ہے
یہ سطر نوٹس کی عبارت کی نمائندگی کرتی ہے یہ سطر نوٹس کی عبارت کی نمائندگی کرتی ہے
47
تجبیات
یہ سطر نوٹس کی عبارت کی نمائندگی کرتی ہے یہ سطر نوٹس کی عبارت کی نمائندگی کرتی ہے
یہ سطر نوٹس کی عبارت کی نمائندگی کرتی ہے یہ سطر نوٹس کی عبارت کی نمائندگی کرتی ہے
یہ سطر نوٹس کی عبارت کی نمائندگی کرتی ہے یہ سطر نوٹس کی عبارت کی نمائندگی کرتی ہے
یہ سطر نوٹس کی عبارت کی نمائندگی کرتی ہے یہ سطر نوٹس کی عبارت کی نمائندگی کرتی ہے
یہ سطر نوٹس کی عبارت کی نمائندگی کرتی ہے یہ سطر نوٹس کی عبارت کی نمائندگی کرتی ہے
یہ سطر نوٹس کی عبارت کی نمائندگی کرتی ہے یہ سطر نوٹس کی عبارت کی نمائندگی کرتی ہے
یہ سطر نوٹس کی عبارت کی نمائندگی کرتی ہے یہ سطر نوٹس کی عبارت کی نمائندگی کرتی ہے
یہ سطر نوٹس کی عبارت کی نمائندگی کرتی ہے یہ سطر نوٹس کی عبارت کی نمائندگی کرتی ہے
یہ سطر نوٹس کی عبارت کی نمائندگی کرتی ہے یہ سطر نوٹس کی عبارت کی نمائندگی کرتی ہے
یہ سطر نوٹس کی عبارت کی نمائندگی کرتی ہے یہ سطر نوٹس کی عبارت کی نمائندگی کرتی ہے
یہ سطر نوٹس کی عبارت کی نمائندگی کرتی ہے یہ سطر نوٹس کی عبارت کی نمائندگی کرتی ہے
یہ سطر نوٹس کی عبارت کی نمائندگی کرتی ہے یہ سطر نوٹس کی عبارت کی نمائندگی کرتی ہے
یہ سطر نوٹس کی عبارت کی نمائندگی کرتی ہے یہ سطر نوٹس کی عبارت کی نمائندگی کرتی ہے
یہ سطر نوٹس کی عبارت کی نمائندگی کرتی ہے یہ سطر نوٹس کی عبارت کی نمائندگی کرتی ہے
48
تجبیات
یہ سطر نوٹس کی عبارت کی نمائندگی کرتی ہے یہ سطر نوٹس کی عبارت کی نمائندگی کرتی ہے
یہ سطر نوٹس کی عبارت کی نمائندگی کرتی ہے یہ سطر نوٹس کی عبارت کی نمائندگی کرتی ہے
یہ سطر نوٹس کی عبارت کی نمائندگی کرتی ہے یہ سطر نوٹس کی عبارت کی نمائندگی کرتی ہے
یہ سطر نوٹس کی عبارت کی نمائندگی کرتی ہے یہ سطر نوٹس کی عبارت کی نمائندگی کرتی ہے
49
تجبیات
یہ سطر نوٹس کی عبارت کی نمائندگی کرتی ہے یہ سطر نوٹس کی عبارت کی نمائندگی کرتی ہے
یہ سطر نوٹس کی عبارت کی نمائندگی کرتی ہے یہ سطر نوٹس کی عبارت کی نمائندگی کرتی ہے
یہ سطر نوٹس کی عبارت کی نمائندگی کرتی ہے یہ سطر نوٹس کی عبارت کی نمائندگی کرتی ہے
یہ سطر نوٹس کی عبارت کی نمائندگی کرتی ہے یہ سطر نوٹس کی عبارت کی نمائندگی کرتی ہے
50
تجبیات
یہ سطر نوٹس کی عبارت کی نمائندگی کرتی ہے یہ سطر نوٹس کی عبارت کی نمائندگی کرتی ہے
یہ سطر نوٹس کی عبارت کی نمائندگی کرتی ہے یہ سطر نوٹس کی عبارت کی نمائندگی کرتی ہے
یہ سطر نوٹس کی عبارت کی نمائندگی کرتی ہے یہ سطر نوٹس کی عبارت کی نمائندگی کرتی ہے
یہ سطر نوٹس کی عبارت کی نمائندگی کرتی ہے یہ سطر نوٹس کی عبارت کی نمائندگی کرتی ہے
یہ سطر نوٹس کی عبارت کی نمائندگی کرتی ہے یہ سطر نوٹس کی عبارت کی نمائندگی کرتی ہے
یہ سطر نوٹس کی عبارت کی نمائندگی کرتی ہے یہ سطر نوٹس کی عبارت کی نمائندگی کرتی ہے
یہ سطر نوٹس کی عبارت کی نمائندگی کرتی ہے یہ سطر نوٹس کی عبارت کی نمائندگی کرتی ہے
یہ سطر نوٹس کی عبارت کی نمائندگی کرتی ہے یہ سطر نوٹس کی عبارت کی نمائندگی کرتی ہے
یہ سطر نوٹس کی عبارت کی نمائندگی کرتی ہے یہ سطر نوٹس کی عبارت کی نمائندگی کرتی ہے
یہ سطر نوٹس کی عبارت کی نمائندگی کرتی ہے یہ سطر نوٹس کی عبارت کی نمائندگی کرتی ہے
بعدالت جناب شہزاد احسان بٹ صاحب سینئر سول جج گارڈین کورٹ جوہر آباد ضلع خوشاب
یہ سطر نوٹس کی عبارت کی نمائندگی کرتی ہے یہ سطر نوٹس کی عبارت کی نمائندگی کرتی ہے
یہ سطر نوٹس کی عبارت کی نمائندگی کرتی ہے یہ سطر نوٹس کی عبارت کی نمائندگی کرتی ہے
یہ سطر نوٹس کی عبارت کی نمائندگی کرتی ہے یہ سطر نوٹس کی عبارت کی نمائندگی کرتی ہے
یہ سطر نوٹس کی عبارت کی نمائندگی کرتی ہے یہ سطر نوٹس کی عبارت کی نمائندگی کرتی ہے
یہ سطر نوٹس کی عبارت کی نمائندگی کرتی ہے یہ سطر نوٹس کی عبارت کی نمائندگی کرتی ہے
یہ سطر نوٹس کی عبارت کی نمائندگی کرتی ہے یہ سطر نوٹس کی عبارت کی نمائندگی کرتی ہے
یہ سطر نوٹس کی عبارت کی نمائندگی کرتی ہے یہ سطر نوٹس کی عبارت کی نمائندگی کرتی ہے
یہ سطر نوٹس کی عبارت کی نمائندگی کرتی ہے یہ سطر نوٹس کی عبارت کی نمائندگی کرتی ہے
یہ سطر نوٹس کی عبارت کی نمائندگی کرتی ہے یہ سطر نوٹس کی عبارت کی نمائندگی کرتی ہے
یہ سطر نوٹس کی عبارت کی نمائندگی کرتی ہے یہ سطر نوٹس کی عبارت کی نمائندگی کرتی ہے
یہ سطر نوٹس کی عبارت کی نمائندگی کرتی ہے یہ سطر نوٹس کی عبارت کی نمائندگی کرتی ہے
یہ سطر نوٹس کی عبارت کی نمائندگی کرتی ہے یہ سطر نوٹس کی عبارت کی نمائندگی کرتی ہے
یہ سطر نوٹس کی عبارت کی نمائندگی کرتی ہے یہ سطر نوٹس کی عبارت کی نمائندگی کرتی ہے
یہ سطر نوٹس کی عبارت کی نمائندگی کرتی ہے یہ سطر نوٹس کی عبارت کی نمائندگی کرتی ہے
یہ سطر نوٹس کی عبارت کی نمائندگی کرتی ہے یہ سطر نوٹس کی عبارت کی نمائندگی کرتی ہے
یہ سطر نوٹس کی عبارت کی نمائندگی کرتی ہے یہ سطر نوٹس کی عبارت کی نمائندگی کرتی ہے
دستخط حاکم
مہر عدالت
بعدالت جناب شاز یہ کوثر صاحبہ سول جج فیملی ڈیوٹی جج چنیوٹ
یہ سطر نوٹس کی عبارت کی نمائندگی کرتی ہے یہ سطر نوٹس کی عبارت کی نمائندگی کرتی ہے
یہ سطر نوٹس کی عبارت کی نمائندگی کرتی ہے یہ سطر نوٹس کی عبارت کی نمائندگی کرتی ہے
یہ سطر نوٹس کی عبارت کی نمائندگی کرتی ہے یہ سطر نوٹس کی عبارت کی نمائندگی کرتی ہے
یہ سطر نوٹس کی عبارت کی نمائندگی کرتی ہے یہ سطر نوٹس کی عبارت کی نمائندگی کرتی ہے
یہ سطر نوٹس کی عبارت کی نمائندگی کرتی ہے یہ سطر نوٹس کی عبارت کی نمائندگی کرتی ہے
یہ سطر نوٹس کی عبارت کی نمائندگی کرتی ہے یہ سطر نوٹس کی عبارت کی نمائندگی کرتی ہے
یہ سطر نوٹس کی عبارت کی نمائندگی کرتی ہے یہ سطر نوٹس کی عبارت کی نمائندگی کرتی ہے
یہ سطر نوٹس کی عبارت کی نمائندگی کرتی ہے یہ سطر نوٹس کی عبارت کی نمائندگی کرتی ہے
یہ سطر نوٹس کی عبارت کی نمائندگی کرتی ہے یہ سطر نوٹس کی عبارت کی نمائندگی کرتی ہے
یہ سطر نوٹس کی عبارت کی نمائندگی کرتی ہے یہ سطر نوٹس کی عبارت کی نمائندگی کرتی ہے
یہ سطر نوٹس کی عبارت کی نمائندگی کرتی ہے یہ سطر نوٹس کی عبارت کی نمائندگی کرتی ہے
یہ سطر نوٹس کی عبارت کی نمائندگی کرتی ہے یہ سطر نوٹس کی عبارت کی نمائندگی کرتی ہے
یہ سطر نوٹس کی عبارت کی نمائندگی کرتی ہے یہ سطر نوٹس کی عبارت کی نمائندگی کرتی ہے
یہ سطر نوٹس کی عبارت کی نمائندگی کرتی ہے یہ سطر نوٹس کی عبارت کی نمائندگی کرتی ہے
یہ سطر نوٹس کی عبارت کی نمائندگی کرتی ہے یہ سطر نوٹس کی عبارت کی نمائندگی کرتی ہے
یہ سطر نوٹس کی عبارت کی نمائندگی کرتی ہے یہ سطر نوٹس کی عبارت کی نمائندگی کرتی ہے
دستخط حاکم
مہر عدالت
بعدالت جناب احسان اللہ مغل صاحب سول جج گارڈین جج ساہیوال
یہ سطر نوٹس کی عبارت کی نمائندگی کرتی ہے یہ سطر نوٹس کی عبارت کی نمائندگی کرتی ہے
یہ سطر نوٹس کی عبارت کی نمائندگی کرتی ہے یہ سطر نوٹس کی عبارت کی نمائندگی کرتی ہے
یہ سطر نوٹس کی عبارت کی نمائندگی کرتی ہے یہ سطر نوٹس کی عبارت کی نمائندگی کرتی ہے
یہ سطر نوٹس کی عبارت کی نمائندگی کرتی ہے یہ سطر نوٹس کی عبارت کی نمائندگی کرتی ہے
یہ سطر نوٹس کی عبارت کی نمائندگی کرتی ہے یہ سطر نوٹس کی عبارت کی نمائندگی کرتی ہے
یہ سطر نوٹس کی عبارت کی نمائندگی کرتی ہے یہ سطر نوٹس کی عبارت کی نمائندگی کرتی ہے
یہ سطر نوٹس کی عبارت کی نمائندگی کرتی ہے یہ سطر نوٹس کی عبارت کی نمائندگی کرتی ہے
یہ سطر نوٹس کی عبارت کی نمائندگی کرتی ہے یہ سطر نوٹس کی عبارت کی نمائندگی کرتی ہے
یہ سطر نوٹس کی عبارت کی نمائندگی کرتی ہے یہ سطر نوٹس کی عبارت کی نمائندگی کرتی ہے
یہ سطر نوٹس کی عبارت کی نمائندگی کرتی ہے یہ سطر نوٹس کی عبارت کی نمائندگی کرتی ہے
یہ سطر نوٹس کی عبارت کی نمائندگی کرتی ہے یہ سطر نوٹس کی عبارت کی نمائندگی کرتی ہے
یہ سطر نوٹس کی عبارت کی نمائندگی کرتی ہے یہ سطر نوٹس کی عبارت کی نمائندگی کرتی ہے
یہ سطر نوٹس کی عبارت کی نمائندگی کرتی ہے یہ سطر نوٹس کی عبارت کی نمائندگی کرتی ہے
یہ سطر نوٹس کی عبارت کی نمائندگی کرتی ہے یہ سطر نوٹس کی عبارت کی نمائندگی کرتی ہے
دستخط حاکم
مہر عدالت
51
تجبیات
یہ سطر نوٹس کی عبارت کی نمائندگی کرتی ہے یہ سطر نوٹس کی عبارت کی نمائندگی کرتی ہے
یہ سطر نوٹس کی عبارت کی نمائندگی کرتی ہے یہ سطر نوٹس کی عبارت کی نمائندگی کرتی ہے
یہ سطر نوٹس کی عبارت کی نمائندگی کرتی ہے یہ سطر نوٹس کی عبارت کی نمائندگی کرتی ہے
یہ سطر نوٹس کی عبارت کی نمائندگی کرتی ہے یہ سطر نوٹس کی عبارت کی نمائندگی کرتی ہے
یہ سطر نوٹس کی عبارت کی نمائندگی کرتی ہے یہ سطر نوٹس کی عبارت کی نمائندگی کرتی ہے
یہ سطر نوٹس کی عبارت کی نمائندگی کرتی ہے یہ سطر نوٹس کی عبارت کی نمائندگی کرتی ہے
52
تجبیات
یہ سطر نوٹس کی عبارت کی نمائندگی کرتی ہے یہ سطر نوٹس کی عبارت کی نمائندگی کرتی ہے
یہ سطر نوٹس کی عبارت کی نمائندگی کرتی ہے یہ سطر نوٹس کی عبارت کی نمائندگی کرتی ہے
یہ سطر نوٹس کی عبارت کی نمائندگی کرتی ہے یہ سطر نوٹس کی عبارت کی نمائندگی کرتی ہے
یہ سطر نوٹس کی عبارت کی نمائندگی کرتی ہے یہ سطر نوٹس کی عبارت کی نمائندگی کرتی ہے
یہ سطر نوٹس کی عبارت کی نمائندگی کرتی ہے یہ سطر نوٹس کی عبارت کی نمائندگی کرتی ہے
یہ سطر نوٹس کی عبارت کی نمائندگی کرتی ہے یہ سطر نوٹس کی عبارت کی نمائندگی کرتی ہے
53
تجبیات
یہ سطر نوٹس کی عبارت کی نمائندگی کرتی ہے یہ سطر نوٹس کی عبارت کی نمائندگی کرتی ہے
یہ سطر نوٹس کی عبارت کی نمائندگی کرتی ہے یہ سطر نوٹس کی عبارت کی نمائندگی کرتی ہے
یہ سطر نوٹس کی عبارت کی نمائندگی کرتی ہے یہ سطر نوٹس کی عبارت کی نمائندگی کرتی ہے
یہ سطر نوٹس کی عبارت کی نمائندگی کرتی ہے یہ سطر نوٹس کی عبارت کی نمائندگی کرتی ہے
یہ سطر نوٹس کی عبارت کی نمائندگی کرتی ہے یہ سطر نوٹس کی عبارت کی نمائندگی کرتی ہے
یہ سطر نوٹس کی عبارت کی نمائندگی کرتی ہے یہ سطر نوٹس کی عبارت کی نمائندگی کرتی ہے
یہ سطر نوٹس کی عبارت کی نمائندگی کرتی ہے یہ سطر نوٹس کی عبارت کی نمائندگی کرتی ہے
یہ سطر نوٹس کی عبارت کی نمائندگی کرتی ہے یہ سطر نوٹس کی عبارت کی نمائندگی کرتی ہے
یہ سطر نوٹس کی عبارت کی نمائندگی کرتی ہے یہ سطر نوٹس کی عبارت کی نمائندگی کرتی ہے
یہ سطر نوٹس کی عبارت کی نمائندگی کرتی ہے یہ سطر نوٹس کی عبارت کی نمائندگی کرتی ہے
یہ سطر نوٹس کی عبارت کی نمائندگی کرتی ہے یہ سطر نوٹس کی عبارت کی نمائندگی کرتی ہے
یہ سطر نوٹس کی عبارت کی نمائندگی کرتی ہے یہ سطر نوٹس کی عبارت کی نمائندگی کرتی ہے
یہ سطر نوٹس کی عبارت کی نمائندگی کرتی ہے یہ سطر نوٹس کی عبارت کی نمائندگی کرتی ہے
یہ سطر نوٹس کی عبارت کی نمائندگی کرتی ہے یہ سطر نوٹس کی عبارت کی نمائندگی کرتی ہے
یہ سطر نوٹس کی عبارت کی نمائندگی کرتی ہے یہ سطر نوٹس کی عبارت کی نمائندگی کرتی ہے
یہ سطر نوٹس کی عبارت کی نمائندگی کرتی ہے یہ سطر نوٹس کی عبارت کی نمائندگی کرتی ہے
یہ سطر نوٹس کی عبارت کی نمائندگی کرتی ہے یہ سطر نوٹس کی عبارت کی نمائندگی کرتی ہے
یہ سطر نوٹس کی عبارت کی نمائندگی کرتی ہے یہ سطر نوٹس کی عبارت کی نمائندگی کرتی ہے
54
تجبیات
یہ سطر نوٹس کی عبارت کی نمائندگی کرتی ہے یہ سطر نوٹس کی عبارت کی نمائندگی کرتی ہے
یہ سطر نوٹس کی عبارت کی نمائندگی کرتی ہے یہ سطر نوٹس کی عبارت کی نمائندگی کرتی ہے
یہ سطر نوٹس کی عبارت کی نمائندگی کرتی ہے یہ سطر نوٹس کی عبارت کی نمائندگی کرتی ہے
یہ سطر نوٹس کی عبارت کی نمائندگی کرتی ہے یہ سطر نوٹس کی عبارت کی نمائندگی کرتی ہے
یہ سطر نوٹس کی عبارت کی نمائندگی کرتی ہے یہ سطر نوٹس کی عبارت کی نمائندگی کرتی ہے
یہ سطر نوٹس کی عبارت کی نمائندگی کرتی ہے یہ سطر نوٹس کی عبارت کی نمائندگی کرتی ہے
یہ سطر نوٹس کی عبارت کی نمائندگی کرتی ہے یہ سطر نوٹس کی عبارت کی نمائندگی کرتی ہے
یہ سطر نوٹس کی عبارت کی نمائندگی کرتی ہے یہ سطر نوٹس کی عبارت کی نمائندگی کرتی ہے
یہ سطر نوٹس کی عبارت کی نمائندگی کرتی ہے یہ سطر نوٹس کی عبارت کی نمائندگی کرتی ہے
یہ سطر نوٹس کی عبارت کی نمائندگی کرتی ہے یہ سطر نوٹس کی عبارت کی نمائندگی کرتی ہے
55
تجبیات
یہ سطر نوٹس کی عبارت کی نمائندگی کرتی ہے یہ سطر نوٹس کی عبارت کی نمائندگی کرتی ہے
یہ سطر نوٹس کی عبارت کی نمائندگی کرتی ہے یہ سطر نوٹس کی عبارت کی نمائندگی کرتی ہے
یہ سطر نوٹس کی عبارت کی نمائندگی کرتی ہے یہ سطر نوٹس کی عبارت کی نمائندگی کرتی ہے
بعدالت جناب میڈم زرتاشیہ نواز صاحبہ سینئر سول جج گارڈین کورٹ جوہر آباد ضلع خوشاب
یہ سطر نوٹس کی عبارت کی نمائندگی کرتی ہے یہ سطر نوٹس کی عبارت کی نمائندگی کرتی ہے
یہ سطر نوٹس کی عبارت کی نمائندگی کرتی ہے یہ سطر نوٹس کی عبارت کی نمائندگی کرتی ہے
یہ سطر نوٹس کی عبارت کی نمائندگی کرتی ہے یہ سطر نوٹس کی عبارت کی نمائندگی کرتی ہے
یہ سطر نوٹس کی عبارت کی نمائندگی کرتی ہے یہ سطر نوٹس کی عبارت کی نمائندگی کرتی ہے
یہ سطر نوٹس کی عبارت کی نمائندگی کرتی ہے یہ سطر نوٹس کی عبارت کی نمائندگی کرتی ہے
یہ سطر نوٹس کی عبارت کی نمائندگی کرتی ہے یہ سطر نوٹس کی عبارت کی نمائندگی کرتی ہے
یہ سطر نوٹس کی عبارت کی نمائندگی کرتی ہے یہ سطر نوٹس کی عبارت کی نمائندگی کرتی ہے
یہ سطر نوٹس کی عبارت کی نمائندگی کرتی ہے یہ سطر نوٹس کی عبارت کی نمائندگی کرتی ہے
یہ سطر نوٹس کی عبارت کی نمائندگی کرتی ہے یہ سطر نوٹس کی عبارت کی نمائندگی کرتی ہے
یہ سطر نوٹس کی عبارت کی نمائندگی کرتی ہے یہ سطر نوٹس کی عبارت کی نمائندگی کرتی ہے
یہ سطر نوٹس کی عبارت کی نمائندگی کرتی ہے یہ سطر نوٹس کی عبارت کی نمائندگی کرتی ہے
یہ سطر نوٹس کی عبارت کی نمائندگی کرتی ہے یہ سطر نوٹس کی عبارت کی نمائندگی کرتی ہے
دستخط حاکم
مہر عدالت
بعدالت جناب سیدہ صائمہ یعقوب صاحبہ سول جج مرید کے
یہ سطر نوٹس کی عبارت کی نمائندگی کرتی ہے یہ سطر نوٹس کی عبارت کی نمائندگی کرتی ہے
یہ سطر نوٹس کی عبارت کی نمائندگی کرتی ہے یہ سطر نوٹس کی عبارت کی نمائندگی کرتی ہے
یہ سطر نوٹس کی عبارت کی نمائندگی کرتی ہے یہ سطر نوٹس کی عبارت کی نمائندگی کرتی ہے
یہ سطر نوٹس کی عبارت کی نمائندگی کرتی ہے یہ سطر نوٹس کی عبارت کی نمائندگی کرتی ہے
یہ سطر نوٹس کی عبارت کی نمائندگی کرتی ہے یہ سطر نوٹس کی عبارت کی نمائندگی کرتی ہے
یہ سطر نوٹس کی عبارت کی نمائندگی کرتی ہے یہ سطر نوٹس کی عبارت کی نمائندگی کرتی ہے
یہ سطر نوٹس کی عبارت کی نمائندگی کرتی ہے یہ سطر نوٹس کی عبارت کی نمائندگی کرتی ہے
یہ سطر نوٹس کی عبارت کی نمائندگی کرتی ہے یہ سطر نوٹس کی عبارت کی نمائندگی کرتی ہے
یہ سطر نوٹس کی عبارت کی نمائندگی کرتی ہے یہ سطر نوٹس کی عبارت کی نمائندگی کرتی ہے
یہ سطر نوٹس کی عبارت کی نمائندگی کرتی ہے یہ سطر نوٹس کی عبارت کی نمائندگی کرتی ہے
یہ سطر نوٹس کی عبارت کی نمائندگی کرتی ہے یہ سطر نوٹس کی عبارت کی نمائندگی کرتی ہے
یہ سطر نوٹس کی عبارت کی نمائندگی کرتی ہے یہ سطر نوٹس کی عبارت کی نمائندگی کرتی ہے
یہ سطر نوٹس کی عبارت کی نمائندگی کرتی ہے یہ سطر نوٹس کی عبارت کی نمائندگی کرتی ہے
یہ سطر نوٹس کی عبارت کی نمائندگی کرتی ہے یہ سطر نوٹس کی عبارت کی نمائندگی کرتی ہے
یہ سطر نوٹس کی عبارت کی نمائندگی کرتی ہے یہ سطر نوٹس کی عبارت کی نمائندگی کرتی ہے
یہ سطر نوٹس کی عبارت کی نمائندگی کرتی ہے یہ سطر نوٹس کی عبارت کی نمائندگی کرتی ہے
دستخط حاکم
مہر عدالت
بعدالت جناب حسن اکمل قریشی صاحب ایڈیشنل ڈسٹرکٹ اینڈ سیشن جج رحیم یار خان
یہ سطر نوٹس کی عبارت کی نمائندگی کرتی ہے یہ سطر نوٹس کی عبارت کی نمائندگی کرتی ہے
یہ سطر نوٹس کی عبارت کی نمائندگی کرتی ہے یہ سطر نوٹس کی عبارت کی نمائندگی کرتی ہے
یہ سطر نوٹس کی عبارت کی نمائندگی کرتی ہے یہ سطر نوٹس کی عبارت کی نمائندگی کرتی ہے
یہ سطر نوٹس کی عبارت کی نمائندگی کرتی ہے یہ سطر نوٹس کی عبارت کی نمائندگی کرتی ہے
یہ سطر نوٹس کی عبارت کی نمائندگی کرتی ہے یہ سطر نوٹس کی عبارت کی نمائندگی کرتی ہے
یہ سطر نوٹس کی عبارت کی نمائندگی کرتی ہے یہ سطر نوٹس کی عبارت کی نمائندگی کرتی ہے
یہ سطر نوٹس کی عبارت کی نمائندگی کرتی ہے یہ سطر نوٹس کی عبارت کی نمائندگی کرتی ہے
یہ سطر نوٹس کی عبارت کی نمائندگی کرتی ہے یہ سطر نوٹس کی عبارت کی نمائندگی کرتی ہے
یہ سطر نوٹس کی عبارت کی نمائندگی کرتی ہے یہ سطر نوٹس کی عبارت کی نمائندگی کرتی ہے
یہ سطر نوٹس کی عبارت کی نمائندگی کرتی ہے یہ سطر نوٹس کی عبارت کی نمائندگی کرتی ہے
یہ سطر نوٹس کی عبارت کی نمائندگی کرتی ہے یہ سطر نوٹس کی عبارت کی نمائندگی کرتی ہے
یہ سطر نوٹس کی عبارت کی نمائندگی کرتی ہے یہ سطر نوٹس کی عبارت کی نمائندگی کرتی ہے
یہ سطر نوٹس کی عبارت کی نمائندگی کرتی ہے یہ سطر نوٹس کی عبارت کی نمائندگی کرتی ہے
یہ سطر نوٹس کی عبارت کی نمائندگی کرتی ہے یہ سطر نوٹس کی عبارت کی نمائندگی کرتی ہے
یہ سطر نوٹس کی عبارت کی نمائندگی کرتی ہے یہ سطر نوٹس کی عبارت کی نمائندگی کرتی ہے
یہ سطر نوٹس کی عبارت کی نمائندگی کرتی ہے یہ سطر نوٹس کی عبارت کی نمائندگی کرتی ہے
دستخط حاکم
مہر عدالت
56
تجبیات
یہ سطر نوٹس کی عبارت کی نمائندگی کرتی ہے یہ سطر نوٹس کی عبارت کی نمائندگی کرتی ہے
یہ سطر نوٹس کی عبارت کی نمائندگی کرتی ہے یہ سطر نوٹس کی عبارت کی نمائندگی کرتی ہے
یہ سطر نوٹس کی عبارت کی نمائندگی کرتی ہے یہ سطر نوٹس کی عبارت کی نمائندگی کرتی ہے
یہ سطر نوٹس کی عبارت کی نمائندگی کرتی ہے یہ سطر نوٹس کی عبارت کی نمائندگی کرتی ہے
یہ سطر نوٹس کی عبارت کی نمائندگی کرتی ہے یہ سطر نوٹس کی عبارت کی نمائندگی کرتی ہے
یہ سطر نوٹس کی عبارت کی نمائندگی کرتی ہے یہ سطر نوٹس کی عبارت کی نمائندگی کرتی ہے
یہ سطر نوٹس کی عبارت کی نمائندگی کرتی ہے یہ سطر نوٹس کی عبارت کی نمائندگی کرتی ہے
یہ سطر نوٹس کی عبارت کی نمائندگی کرتی ہے یہ سطر نوٹس کی عبارت کی نمائندگی کرتی ہے
یہ سطر نوٹس کی عبارت کی نمائندگی کرتی ہے یہ سطر نوٹس کی عبارت کی نمائندگی کرتی ہے
یہ سطر نوٹس کی عبارت کی نمائندگی کرتی ہے یہ سطر نوٹس کی عبارت کی نمائندگی کرتی ہے
یہ سطر نوٹس کی عبارت کی نمائندگی کرتی ہے یہ سطر نوٹس کی عبارت کی نمائندگی کرتی ہے
یہ سطر نوٹس کی عبارت کی نمائندگی کرتی ہے یہ سطر نوٹس کی عبارت کی نمائندگی کرتی ہے
یہ سطر نوٹس کی عبارت کی نمائندگی کرتی ہے یہ سطر نوٹس کی عبارت کی نمائندگی کرتی ہے
یہ سطر نوٹس کی عبارت کی نمائندگی کرتی ہے یہ سطر نوٹس کی عبارت کی نمائندگی کرتی ہے
یہ سطر نوٹس کی عبارت کی نمائندگی کرتی ہے یہ سطر نوٹس کی عبارت کی نمائندگی کرتی ہے
یہ سطر نوٹس کی عبارت کی نمائندگی کرتی ہے یہ سطر نوٹس کی عبارت کی نمائندگی کرتی ہے
یہ سطر نوٹس کی عبارت کی نمائندگی کرتی ہے یہ سطر نوٹس کی عبارت کی نمائندگی کرتی ہے
یہ سطر نوٹس کی عبارت کی نمائندگی کرتی ہے یہ سطر نوٹس کی عبارت کی نمائندگی کرتی ہے
57
تجبیات
یہ سطر نوٹس کی عبارت کی نمائندگی کرتی ہے یہ سطر نوٹس کی عبارت کی نمائندگی کرتی ہے
یہ سطر نوٹس کی عبارت کی نمائندگی کرتی ہے یہ سطر نوٹس کی عبارت کی نمائندگی کرتی ہے
یہ سطر نوٹس کی عبارت کی نمائندگی کرتی ہے یہ سطر نوٹس کی عبارت کی نمائندگی کرتی ہے
یہ سطر نوٹس کی عبارت کی نمائندگی کرتی ہے یہ سطر نوٹس کی عبارت کی نمائندگی کرتی ہے
یہ سطر نوٹس کی عبارت کی نمائندگی کرتی ہے یہ سطر نوٹس کی عبارت کی نمائندگی کرتی ہے
یہ سطر نوٹس کی عبارت کی نمائندگی کرتی ہے یہ سطر نوٹس کی عبارت کی نمائندگی کرتی ہے
یہ سطر نوٹس کی عبارت کی نمائندگی کرتی ہے یہ سطر نوٹس کی عبارت کی نمائندگی کرتی ہے
یہ سطر نوٹس کی عبارت کی نمائندگی کرتی ہے یہ سطر نوٹس کی عبارت کی نمائندگی کرتی ہے
یہ سطر نوٹس کی عبارت کی نمائندگی کرتی ہے یہ سطر نوٹس کی عبارت کی نمائندگی کرتی ہے
یہ سطر نوٹس کی عبارت کی نمائندگی کرتی ہے یہ سطر نوٹس کی عبارت کی نمائندگی کرتی ہے
یہ سطر نوٹس کی عبارت کی نمائندگی کرتی ہے یہ سطر نوٹس کی عبارت کی نمائندگی کرتی ہے
یہ سطر نوٹس کی عبارت کی نمائندگی کرتی ہے یہ سطر نوٹس کی عبارت کی نمائندگی کرتی ہے
یہ سطر نوٹس کی عبارت کی نمائندگی کرتی ہے یہ سطر نوٹس کی عبارت کی نمائندگی کرتی ہے
یہ سطر نوٹس کی عبارت کی نمائندگی کرتی ہے یہ سطر نوٹس کی عبارت کی نمائندگی کرتی ہے
58
تجبیات
یہ سطر نوٹس کی عبارت کی نمائندگی کرتی ہے یہ سطر نوٹس کی عبارت کی نمائندگی کرتی ہے
یہ سطر نوٹس کی عبارت کی نمائندگی کرتی ہے یہ سطر نوٹس کی عبارت کی نمائندگی کرتی ہے
یہ سطر نوٹس کی عبارت کی نمائندگی کرتی ہے یہ سطر نوٹس کی عبارت کی نمائندگی کرتی ہے
59
تجبیات
یہ سطر نوٹس کی عبارت کی نمائندگی کرتی ہے یہ سطر نوٹس کی عبارت کی نمائندگی کرتی ہے
یہ سطر نوٹس کی عبارت کی نمائندگی کرتی ہے یہ سطر نوٹس کی عبارت کی نمائندگی کرتی ہے
یہ سطر نوٹس کی عبارت کی نمائندگی کرتی ہے یہ سطر نوٹس کی عبارت کی نمائندگی کرتی ہے
یہ سطر نوٹس کی عبارت کی نمائندگی کرتی ہے یہ سطر نوٹس کی عبارت کی نمائندگی کرتی ہے
یہ سطر نوٹس کی عبارت کی نمائندگی کرتی ہے یہ سطر نوٹس کی عبارت کی نمائندگی کرتی ہے
یہ سطر نوٹس کی عبارت کی نمائندگی کرتی ہے یہ سطر نوٹس کی عبارت کی نمائندگی کرتی ہے
یہ سطر نوٹس کی عبارت کی نمائندگی کرتی ہے یہ سطر نوٹس کی عبارت کی نمائندگی کرتی ہے
یہ سطر نوٹس کی عبارت کی نمائندگی کرتی ہے یہ سطر نوٹس کی عبارت کی نمائندگی کرتی ہے
60
تجبیات
یہ سطر نوٹس کی عبارت کی نمائندگی کرتی ہے یہ سطر نوٹس کی عبارت کی نمائندگی کرتی ہے
یہ سطر نوٹس کی عبارت کی نمائندگی کرتی ہے یہ سطر نوٹس کی عبارت کی نمائندگی کرتی ہے
یہ سطر نوٹس کی عبارت کی نمائندگی کرتی ہے یہ سطر نوٹس کی عبارت کی نمائندگی کرتی ہے
یہ سطر نوٹس کی عبارت کی نمائندگی کرتی ہے یہ سطر نوٹس کی عبارت کی نمائندگی کرتی ہے
یہ سطر نوٹس کی عبارت کی نمائندگی کرتی ہے یہ سطر نوٹس کی عبارت کی نمائندگی کرتی ہے
یہ سطر نوٹس کی عبارت کی نمائندگی کرتی ہے یہ سطر نوٹس کی عبارت کی نمائندگی کرتی ہے
بعدالت جناب طارق محمود کوٹ صاحب سول کورٹ جج منڈی بہاؤالدین
یہ سطر نوٹس کی عبارت کی نمائندگی کرتی ہے یہ سطر نوٹس کی عبارت کی نمائندگی کرتی ہے
یہ سطر نوٹس کی عبارت کی نمائندگی کرتی ہے یہ سطر نوٹس کی عبارت کی نمائندگی کرتی ہے
یہ سطر نوٹس کی عبارت کی نمائندگی کرتی ہے یہ سطر نوٹس کی عبارت کی نمائندگی کرتی ہے
یہ سطر نوٹس کی عبارت کی نمائندگی کرتی ہے یہ سطر نوٹس کی عبارت کی نمائندگی کرتی ہے
یہ سطر نوٹس کی عبارت کی نمائندگی کرتی ہے یہ سطر نوٹس کی عبارت کی نمائندگی کرتی ہے
یہ سطر نوٹس کی عبارت کی نمائندگی کرتی ہے یہ سطر نوٹس کی عبارت کی نمائندگی کرتی ہے
یہ سطر نوٹس کی عبارت کی نمائندگی کرتی ہے یہ سطر نوٹس کی عبارت کی نمائندگی کرتی ہے
یہ سطر نوٹس کی عبارت کی نمائندگی کرتی ہے یہ سطر نوٹس کی عبارت کی نمائندگی کرتی ہے
یہ سطر نوٹس کی عبارت کی نمائندگی کرتی ہے یہ سطر نوٹس کی عبارت کی نمائندگی کرتی ہے
یہ سطر نوٹس کی عبارت کی نمائندگی کرتی ہے یہ سطر نوٹس کی عبارت کی نمائندگی کرتی ہے
یہ سطر نوٹس کی عبارت کی نمائندگی کرتی ہے یہ سطر نوٹس کی عبارت کی نمائندگی کرتی ہے
یہ سطر نوٹس کی عبارت کی نمائندگی کرتی ہے یہ سطر نوٹس کی عبارت کی نمائندگی کرتی ہے
یہ سطر نوٹس کی عبارت کی نمائندگی کرتی ہے یہ سطر نوٹس کی عبارت کی نمائندگی کرتی ہے
یہ سطر نوٹس کی عبارت کی نمائندگی کرتی ہے یہ سطر نوٹس کی عبارت کی نمائندگی کرتی ہے
دستخط حاکم
مہر عدالت
بعدالت جناب عبدالرحمن وڑائچ صاحب ایڈیشنل ڈسٹرکٹ اینڈ سیشن جج حافظ والا
یہ سطر نوٹس کی عبارت کی نمائندگی کرتی ہے یہ سطر نوٹس کی عبارت کی نمائندگی کرتی ہے
یہ سطر نوٹس کی عبارت کی نمائندگی کرتی ہے یہ سطر نوٹس کی عبارت کی نمائندگی کرتی ہے
یہ سطر نوٹس کی عبارت کی نمائندگی کرتی ہے یہ سطر نوٹس کی عبارت کی نمائندگی کرتی ہے
یہ سطر نوٹس کی عبارت کی نمائندگی کرتی ہے یہ سطر نوٹس کی عبارت کی نمائندگی کرتی ہے
یہ سطر نوٹس کی عبارت کی نمائندگی کرتی ہے یہ سطر نوٹس کی عبارت کی نمائندگی کرتی ہے
یہ سطر نوٹس کی عبارت کی نمائندگی کرتی ہے یہ سطر نوٹس کی عبارت کی نمائندگی کرتی ہے
یہ سطر نوٹس کی عبارت کی نمائندگی کرتی ہے یہ سطر نوٹس کی عبارت کی نمائندگی کرتی ہے
یہ سطر نوٹس کی عبارت کی نمائندگی کرتی ہے یہ سطر نوٹس کی عبارت کی نمائندگی کرتی ہے
یہ سطر نوٹس کی عبارت کی نمائندگی کرتی ہے یہ سطر نوٹس کی عبارت کی نمائندگی کرتی ہے
یہ سطر نوٹس کی عبارت کی نمائندگی کرتی ہے یہ سطر نوٹس کی عبارت کی نمائندگی کرتی ہے
یہ سطر نوٹس کی عبارت کی نمائندگی کرتی ہے یہ سطر نوٹس کی عبارت کی نمائندگی کرتی ہے
یہ سطر نوٹس کی عبارت کی نمائندگی کرتی ہے یہ سطر نوٹس کی عبارت کی نمائندگی کرتی ہے
یہ سطر نوٹس کی عبارت کی نمائندگی کرتی ہے یہ سطر نوٹس کی عبارت کی نمائندگی کرتی ہے
یہ سطر نوٹس کی عبارت کی نمائندگی کرتی ہے یہ سطر نوٹس کی عبارت کی نمائندگی کرتی ہے
دستخط حاکم
مہر عدالت
بعدالت جناب محمد حنیف تارڑ صاحب سول جج گارڈین ایوان عدل لاہور
یہ سطر نوٹس کی عبارت کی نمائندگی کرتی ہے یہ سطر نوٹس کی عبارت کی نمائندگی کرتی ہے
یہ سطر نوٹس کی عبارت کی نمائندگی کرتی ہے یہ سطر نوٹس کی عبارت کی نمائندگی کرتی ہے
یہ سطر نوٹس کی عبارت کی نمائندگی کرتی ہے یہ سطر نوٹس کی عبارت کی نمائندگی کرتی ہے
یہ سطر نوٹس کی عبارت کی نمائندگی کرتی ہے یہ سطر نوٹس کی عبارت کی نمائندگی کرتی ہے
یہ سطر نوٹس کی عبارت کی نمائندگی کرتی ہے یہ سطر نوٹس کی عبارت کی نمائندگی کرتی ہے
یہ سطر نوٹس کی عبارت کی نمائندگی کرتی ہے یہ سطر نوٹس کی عبارت کی نمائندگی کرتی ہے
یہ سطر نوٹس کی عبارت کی نمائندگی کرتی ہے یہ سطر نوٹس کی عبارت کی نمائندگی کرتی ہے
یہ سطر نوٹس کی عبارت کی نمائندگی کرتی ہے یہ سطر نوٹس کی عبارت کی نمائندگی کرتی ہے
یہ سطر نوٹس کی عبارت کی نمائندگی کرتی ہے یہ سطر نوٹس کی عبارت کی نمائندگی کرتی ہے
یہ سطر نوٹس کی عبارت کی نمائندگی کرتی ہے یہ سطر نوٹس کی عبارت کی نمائندگی کرتی ہے
یہ سطر نوٹس کی عبارت کی نمائندگی کرتی ہے یہ سطر نوٹس کی عبارت کی نمائندگی کرتی ہے
یہ سطر نوٹس کی عبارت کی نمائندگی کرتی ہے یہ سطر نوٹس کی عبارت کی نمائندگی کرتی ہے
یہ سطر نوٹس کی عبارت کی نمائندگی کرتی ہے یہ سطر نوٹس کی عبارت کی نمائندگی کرتی ہے
یہ سطر نوٹس کی عبارت کی نمائندگی کرتی ہے یہ سطر نوٹس کی عبارت کی نمائندگی کرتی ہے
دستخط حاکم
مہر عدالت
